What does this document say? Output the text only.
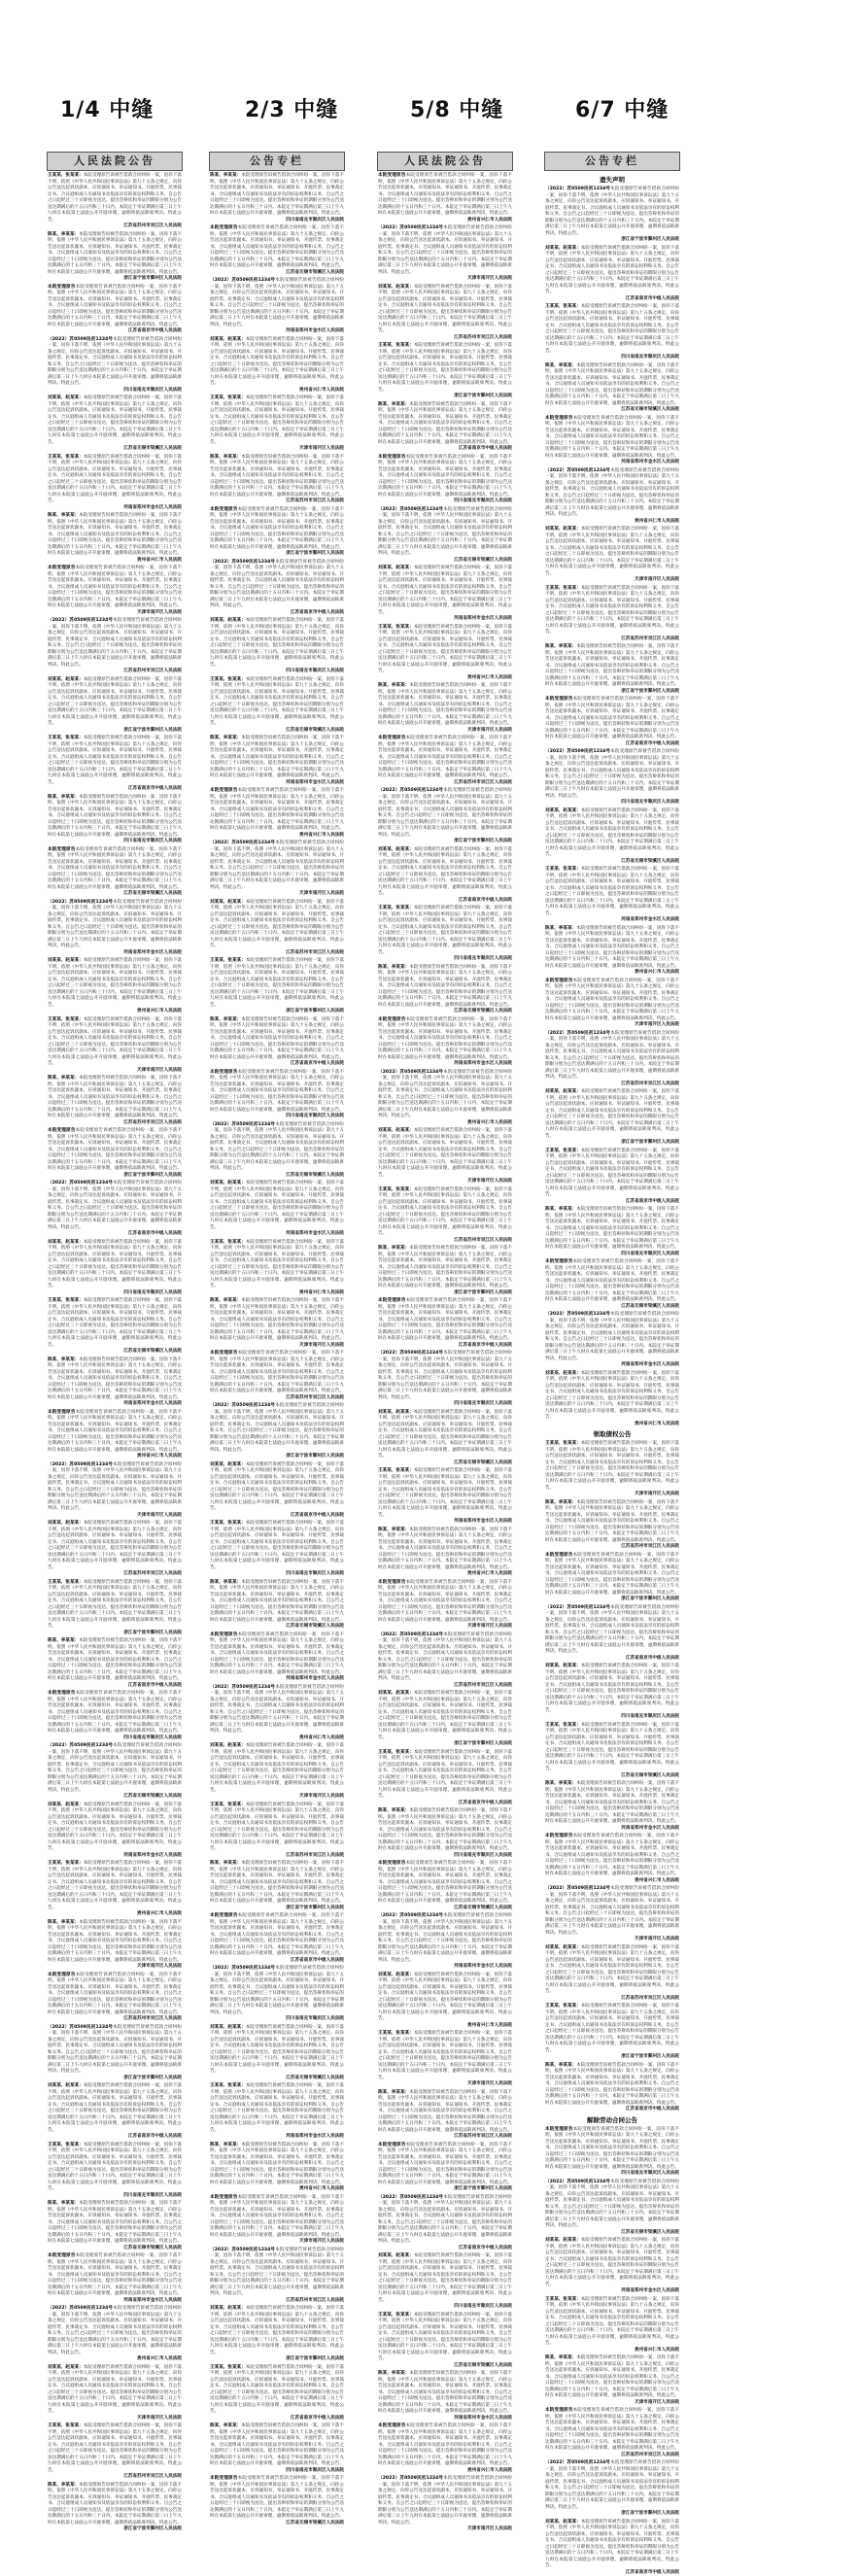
1/4 中缝	2/3 中缝	5/8 中缝	6/7 中缝
人民法院公告
王某某、张某某：本院受理原告诉被告借款合同纠纷一案，因你下落不明，依照《中华人民共和国民事诉讼法》第九十五条之规定，向你公告送达起诉状副本、应诉通知书、举证通知书、开庭传票、民事裁定书、合议庭组成人员通知书及依法享有的诉讼权利和义务。自公告之日起经过三十日即视为送达。提出答辩状和举证的期限分别为公告送达期满后的十五日内和三十日内。本院定于举证期满后第三日上午九时在本院第七法庭公开开庭审理，逾期将依法缺席判决。特此公告。
江苏省苏州市吴江区人民法院
陈某、李某某：本院受理原告诉被告借款合同纠纷一案，因你下落不明，依照《中华人民共和国民事诉讼法》第九十五条之规定，向你公告送达起诉状副本、应诉通知书、举证通知书、开庭传票、民事裁定书、合议庭组成人员通知书及依法享有的诉讼权利和义务。自公告之日起经过三十日即视为送达。提出答辩状和举证的期限分别为公告送达期满后的十五日内和三十日内。本院定于举证期满后第三日上午九时在本院第七法庭公开开庭审理，逾期将依法缺席判决。特此公告。
浙江省宁波市鄞州区人民法院
本院受理原告本院受理原告诉被告借款合同纠纷一案，因你下落不明，依照《中华人民共和国民事诉讼法》第九十五条之规定，向你公告送达起诉状副本、应诉通知书、举证通知书、开庭传票、民事裁定书、合议庭组成人员通知书及依法享有的诉讼权利和义务。自公告之日起经过三十日即视为送达。提出答辩状和举证的期限分别为公告送达期满后的十五日内和三十日内。本院定于举证期满后第三日上午九时在本院第七法庭公开开庭审理，逾期将依法缺席判决。特此公告。
江苏省南京市中级人民法院
（2022）苏0509民初1234号本院受理原告诉被告借款合同纠纷一案，因你下落不明，依照《中华人民共和国民事诉讼法》第九十五条之规定，向你公告送达起诉状副本、应诉通知书、举证通知书、开庭传票、民事裁定书、合议庭组成人员通知书及依法享有的诉讼权利和义务。自公告之日起经过三十日即视为送达。提出答辩状和举证的期限分别为公告送达期满后的十五日内和三十日内。本院定于举证期满后第三日上午九时在本院第七法庭公开开庭审理，逾期将依法缺席判决。特此公告。
四川省南充市顺庆区人民法院
刘某某、赵某某：本院受理原告诉被告借款合同纠纷一案，因你下落不明，依照《中华人民共和国民事诉讼法》第九十五条之规定，向你公告送达起诉状副本、应诉通知书、举证通知书、开庭传票、民事裁定书、合议庭组成人员通知书及依法享有的诉讼权利和义务。自公告之日起经过三十日即视为送达。提出答辩状和举证的期限分别为公告送达期满后的十五日内和三十日内。本院定于举证期满后第三日上午九时在本院第七法庭公开开庭审理，逾期将依法缺席判决。特此公告。
江苏省无锡市梁溪区人民法院
王某某、张某某：本院受理原告诉被告借款合同纠纷一案，因你下落不明，依照《中华人民共和国民事诉讼法》第九十五条之规定，向你公告送达起诉状副本、应诉通知书、举证通知书、开庭传票、民事裁定书、合议庭组成人员通知书及依法享有的诉讼权利和义务。自公告之日起经过三十日即视为送达。提出答辩状和举证的期限分别为公告送达期满后的十五日内和三十日内。本院定于举证期满后第三日上午九时在本院第七法庭公开开庭审理，逾期将依法缺席判决。特此公告。
河南省郑州市金水区人民法院
陈某、李某某：本院受理原告诉被告借款合同纠纷一案，因你下落不明，依照《中华人民共和国民事诉讼法》第九十五条之规定，向你公告送达起诉状副本、应诉通知书、举证通知书、开庭传票、民事裁定书、合议庭组成人员通知书及依法享有的诉讼权利和义务。自公告之日起经过三十日即视为送达。提出答辩状和举证的期限分别为公告送达期满后的十五日内和三十日内。本院定于举证期满后第三日上午九时在本院第七法庭公开开庭审理，逾期将依法缺席判决。特此公告。
贵州省兴仁市人民法院
本院受理原告本院受理原告诉被告借款合同纠纷一案，因你下落不明，依照《中华人民共和国民事诉讼法》第九十五条之规定，向你公告送达起诉状副本、应诉通知书、举证通知书、开庭传票、民事裁定书、合议庭组成人员通知书及依法享有的诉讼权利和义务。自公告之日起经过三十日即视为送达。提出答辩状和举证的期限分别为公告送达期满后的十五日内和三十日内。本院定于举证期满后第三日上午九时在本院第七法庭公开开庭审理，逾期将依法缺席判决。特此公告。
天津市南开区人民法院
（2022）苏0509民初1234号本院受理原告诉被告借款合同纠纷一案，因你下落不明，依照《中华人民共和国民事诉讼法》第九十五条之规定，向你公告送达起诉状副本、应诉通知书、举证通知书、开庭传票、民事裁定书、合议庭组成人员通知书及依法享有的诉讼权利和义务。自公告之日起经过三十日即视为送达。提出答辩状和举证的期限分别为公告送达期满后的十五日内和三十日内。本院定于举证期满后第三日上午九时在本院第七法庭公开开庭审理，逾期将依法缺席判决。特此公告。
江苏省苏州市吴江区人民法院
刘某某、赵某某：本院受理原告诉被告借款合同纠纷一案，因你下落不明，依照《中华人民共和国民事诉讼法》第九十五条之规定，向你公告送达起诉状副本、应诉通知书、举证通知书、开庭传票、民事裁定书、合议庭组成人员通知书及依法享有的诉讼权利和义务。自公告之日起经过三十日即视为送达。提出答辩状和举证的期限分别为公告送达期满后的十五日内和三十日内。本院定于举证期满后第三日上午九时在本院第七法庭公开开庭审理，逾期将依法缺席判决。特此公告。
浙江省宁波市鄞州区人民法院
王某某、张某某：本院受理原告诉被告借款合同纠纷一案，因你下落不明，依照《中华人民共和国民事诉讼法》第九十五条之规定，向你公告送达起诉状副本、应诉通知书、举证通知书、开庭传票、民事裁定书、合议庭组成人员通知书及依法享有的诉讼权利和义务。自公告之日起经过三十日即视为送达。提出答辩状和举证的期限分别为公告送达期满后的十五日内和三十日内。本院定于举证期满后第三日上午九时在本院第七法庭公开开庭审理，逾期将依法缺席判决。特此公告。
江苏省南京市中级人民法院
陈某、李某某：本院受理原告诉被告借款合同纠纷一案，因你下落不明，依照《中华人民共和国民事诉讼法》第九十五条之规定，向你公告送达起诉状副本、应诉通知书、举证通知书、开庭传票、民事裁定书、合议庭组成人员通知书及依法享有的诉讼权利和义务。自公告之日起经过三十日即视为送达。提出答辩状和举证的期限分别为公告送达期满后的十五日内和三十日内。本院定于举证期满后第三日上午九时在本院第七法庭公开开庭审理，逾期将依法缺席判决。特此公告。
四川省南充市顺庆区人民法院
本院受理原告本院受理原告诉被告借款合同纠纷一案，因你下落不明，依照《中华人民共和国民事诉讼法》第九十五条之规定，向你公告送达起诉状副本、应诉通知书、举证通知书、开庭传票、民事裁定书、合议庭组成人员通知书及依法享有的诉讼权利和义务。自公告之日起经过三十日即视为送达。提出答辩状和举证的期限分别为公告送达期满后的十五日内和三十日内。本院定于举证期满后第三日上午九时在本院第七法庭公开开庭审理，逾期将依法缺席判决。特此公告。
江苏省无锡市梁溪区人民法院
（2022）苏0509民初1234号本院受理原告诉被告借款合同纠纷一案，因你下落不明，依照《中华人民共和国民事诉讼法》第九十五条之规定，向你公告送达起诉状副本、应诉通知书、举证通知书、开庭传票、民事裁定书、合议庭组成人员通知书及依法享有的诉讼权利和义务。自公告之日起经过三十日即视为送达。提出答辩状和举证的期限分别为公告送达期满后的十五日内和三十日内。本院定于举证期满后第三日上午九时在本院第七法庭公开开庭审理，逾期将依法缺席判决。特此公告。
河南省郑州市金水区人民法院
刘某某、赵某某：本院受理原告诉被告借款合同纠纷一案，因你下落不明，依照《中华人民共和国民事诉讼法》第九十五条之规定，向你公告送达起诉状副本、应诉通知书、举证通知书、开庭传票、民事裁定书、合议庭组成人员通知书及依法享有的诉讼权利和义务。自公告之日起经过三十日即视为送达。提出答辩状和举证的期限分别为公告送达期满后的十五日内和三十日内。本院定于举证期满后第三日上午九时在本院第七法庭公开开庭审理，逾期将依法缺席判决。特此公告。
贵州省兴仁市人民法院
王某某、张某某：本院受理原告诉被告借款合同纠纷一案，因你下落不明，依照《中华人民共和国民事诉讼法》第九十五条之规定，向你公告送达起诉状副本、应诉通知书、举证通知书、开庭传票、民事裁定书、合议庭组成人员通知书及依法享有的诉讼权利和义务。自公告之日起经过三十日即视为送达。提出答辩状和举证的期限分别为公告送达期满后的十五日内和三十日内。本院定于举证期满后第三日上午九时在本院第七法庭公开开庭审理，逾期将依法缺席判决。特此公告。
天津市南开区人民法院
陈某、李某某：本院受理原告诉被告借款合同纠纷一案，因你下落不明，依照《中华人民共和国民事诉讼法》第九十五条之规定，向你公告送达起诉状副本、应诉通知书、举证通知书、开庭传票、民事裁定书、合议庭组成人员通知书及依法享有的诉讼权利和义务。自公告之日起经过三十日即视为送达。提出答辩状和举证的期限分别为公告送达期满后的十五日内和三十日内。本院定于举证期满后第三日上午九时在本院第七法庭公开开庭审理，逾期将依法缺席判决。特此公告。
江苏省苏州市吴江区人民法院
本院受理原告本院受理原告诉被告借款合同纠纷一案，因你下落不明，依照《中华人民共和国民事诉讼法》第九十五条之规定，向你公告送达起诉状副本、应诉通知书、举证通知书、开庭传票、民事裁定书、合议庭组成人员通知书及依法享有的诉讼权利和义务。自公告之日起经过三十日即视为送达。提出答辩状和举证的期限分别为公告送达期满后的十五日内和三十日内。本院定于举证期满后第三日上午九时在本院第七法庭公开开庭审理，逾期将依法缺席判决。特此公告。
浙江省宁波市鄞州区人民法院
（2022）苏0509民初1234号本院受理原告诉被告借款合同纠纷一案，因你下落不明，依照《中华人民共和国民事诉讼法》第九十五条之规定，向你公告送达起诉状副本、应诉通知书、举证通知书、开庭传票、民事裁定书、合议庭组成人员通知书及依法享有的诉讼权利和义务。自公告之日起经过三十日即视为送达。提出答辩状和举证的期限分别为公告送达期满后的十五日内和三十日内。本院定于举证期满后第三日上午九时在本院第七法庭公开开庭审理，逾期将依法缺席判决。特此公告。
江苏省南京市中级人民法院
刘某某、赵某某：本院受理原告诉被告借款合同纠纷一案，因你下落不明，依照《中华人民共和国民事诉讼法》第九十五条之规定，向你公告送达起诉状副本、应诉通知书、举证通知书、开庭传票、民事裁定书、合议庭组成人员通知书及依法享有的诉讼权利和义务。自公告之日起经过三十日即视为送达。提出答辩状和举证的期限分别为公告送达期满后的十五日内和三十日内。本院定于举证期满后第三日上午九时在本院第七法庭公开开庭审理，逾期将依法缺席判决。特此公告。
四川省南充市顺庆区人民法院
王某某、张某某：本院受理原告诉被告借款合同纠纷一案，因你下落不明，依照《中华人民共和国民事诉讼法》第九十五条之规定，向你公告送达起诉状副本、应诉通知书、举证通知书、开庭传票、民事裁定书、合议庭组成人员通知书及依法享有的诉讼权利和义务。自公告之日起经过三十日即视为送达。提出答辩状和举证的期限分别为公告送达期满后的十五日内和三十日内。本院定于举证期满后第三日上午九时在本院第七法庭公开开庭审理，逾期将依法缺席判决。特此公告。
江苏省无锡市梁溪区人民法院
陈某、李某某：本院受理原告诉被告借款合同纠纷一案，因你下落不明，依照《中华人民共和国民事诉讼法》第九十五条之规定，向你公告送达起诉状副本、应诉通知书、举证通知书、开庭传票、民事裁定书、合议庭组成人员通知书及依法享有的诉讼权利和义务。自公告之日起经过三十日即视为送达。提出答辩状和举证的期限分别为公告送达期满后的十五日内和三十日内。本院定于举证期满后第三日上午九时在本院第七法庭公开开庭审理，逾期将依法缺席判决。特此公告。
河南省郑州市金水区人民法院
本院受理原告本院受理原告诉被告借款合同纠纷一案，因你下落不明，依照《中华人民共和国民事诉讼法》第九十五条之规定，向你公告送达起诉状副本、应诉通知书、举证通知书、开庭传票、民事裁定书、合议庭组成人员通知书及依法享有的诉讼权利和义务。自公告之日起经过三十日即视为送达。提出答辩状和举证的期限分别为公告送达期满后的十五日内和三十日内。本院定于举证期满后第三日上午九时在本院第七法庭公开开庭审理，逾期将依法缺席判决。特此公告。
贵州省兴仁市人民法院
（2022）苏0509民初1234号本院受理原告诉被告借款合同纠纷一案，因你下落不明，依照《中华人民共和国民事诉讼法》第九十五条之规定，向你公告送达起诉状副本、应诉通知书、举证通知书、开庭传票、民事裁定书、合议庭组成人员通知书及依法享有的诉讼权利和义务。自公告之日起经过三十日即视为送达。提出答辩状和举证的期限分别为公告送达期满后的十五日内和三十日内。本院定于举证期满后第三日上午九时在本院第七法庭公开开庭审理，逾期将依法缺席判决。特此公告。
天津市南开区人民法院
刘某某、赵某某：本院受理原告诉被告借款合同纠纷一案，因你下落不明，依照《中华人民共和国民事诉讼法》第九十五条之规定，向你公告送达起诉状副本、应诉通知书、举证通知书、开庭传票、民事裁定书、合议庭组成人员通知书及依法享有的诉讼权利和义务。自公告之日起经过三十日即视为送达。提出答辩状和举证的期限分别为公告送达期满后的十五日内和三十日内。本院定于举证期满后第三日上午九时在本院第七法庭公开开庭审理，逾期将依法缺席判决。特此公告。
江苏省苏州市吴江区人民法院
王某某、张某某：本院受理原告诉被告借款合同纠纷一案，因你下落不明，依照《中华人民共和国民事诉讼法》第九十五条之规定，向你公告送达起诉状副本、应诉通知书、举证通知书、开庭传票、民事裁定书、合议庭组成人员通知书及依法享有的诉讼权利和义务。自公告之日起经过三十日即视为送达。提出答辩状和举证的期限分别为公告送达期满后的十五日内和三十日内。本院定于举证期满后第三日上午九时在本院第七法庭公开开庭审理，逾期将依法缺席判决。特此公告。
浙江省宁波市鄞州区人民法院
陈某、李某某：本院受理原告诉被告借款合同纠纷一案，因你下落不明，依照《中华人民共和国民事诉讼法》第九十五条之规定，向你公告送达起诉状副本、应诉通知书、举证通知书、开庭传票、民事裁定书、合议庭组成人员通知书及依法享有的诉讼权利和义务。自公告之日起经过三十日即视为送达。提出答辩状和举证的期限分别为公告送达期满后的十五日内和三十日内。本院定于举证期满后第三日上午九时在本院第七法庭公开开庭审理，逾期将依法缺席判决。特此公告。
江苏省南京市中级人民法院
本院受理原告本院受理原告诉被告借款合同纠纷一案，因你下落不明，依照《中华人民共和国民事诉讼法》第九十五条之规定，向你公告送达起诉状副本、应诉通知书、举证通知书、开庭传票、民事裁定书、合议庭组成人员通知书及依法享有的诉讼权利和义务。自公告之日起经过三十日即视为送达。提出答辩状和举证的期限分别为公告送达期满后的十五日内和三十日内。本院定于举证期满后第三日上午九时在本院第七法庭公开开庭审理，逾期将依法缺席判决。特此公告。
四川省南充市顺庆区人民法院
（2022）苏0509民初1234号本院受理原告诉被告借款合同纠纷一案，因你下落不明，依照《中华人民共和国民事诉讼法》第九十五条之规定，向你公告送达起诉状副本、应诉通知书、举证通知书、开庭传票、民事裁定书、合议庭组成人员通知书及依法享有的诉讼权利和义务。自公告之日起经过三十日即视为送达。提出答辩状和举证的期限分别为公告送达期满后的十五日内和三十日内。本院定于举证期满后第三日上午九时在本院第七法庭公开开庭审理，逾期将依法缺席判决。特此公告。
江苏省无锡市梁溪区人民法院
刘某某、赵某某：本院受理原告诉被告借款合同纠纷一案，因你下落不明，依照《中华人民共和国民事诉讼法》第九十五条之规定，向你公告送达起诉状副本、应诉通知书、举证通知书、开庭传票、民事裁定书、合议庭组成人员通知书及依法享有的诉讼权利和义务。自公告之日起经过三十日即视为送达。提出答辩状和举证的期限分别为公告送达期满后的十五日内和三十日内。本院定于举证期满后第三日上午九时在本院第七法庭公开开庭审理，逾期将依法缺席判决。特此公告。
河南省郑州市金水区人民法院
王某某、张某某：本院受理原告诉被告借款合同纠纷一案，因你下落不明，依照《中华人民共和国民事诉讼法》第九十五条之规定，向你公告送达起诉状副本、应诉通知书、举证通知书、开庭传票、民事裁定书、合议庭组成人员通知书及依法享有的诉讼权利和义务。自公告之日起经过三十日即视为送达。提出答辩状和举证的期限分别为公告送达期满后的十五日内和三十日内。本院定于举证期满后第三日上午九时在本院第七法庭公开开庭审理，逾期将依法缺席判决。特此公告。
贵州省兴仁市人民法院
陈某、李某某：本院受理原告诉被告借款合同纠纷一案，因你下落不明，依照《中华人民共和国民事诉讼法》第九十五条之规定，向你公告送达起诉状副本、应诉通知书、举证通知书、开庭传票、民事裁定书、合议庭组成人员通知书及依法享有的诉讼权利和义务。自公告之日起经过三十日即视为送达。提出答辩状和举证的期限分别为公告送达期满后的十五日内和三十日内。本院定于举证期满后第三日上午九时在本院第七法庭公开开庭审理，逾期将依法缺席判决。特此公告。
天津市南开区人民法院
本院受理原告本院受理原告诉被告借款合同纠纷一案，因你下落不明，依照《中华人民共和国民事诉讼法》第九十五条之规定，向你公告送达起诉状副本、应诉通知书、举证通知书、开庭传票、民事裁定书、合议庭组成人员通知书及依法享有的诉讼权利和义务。自公告之日起经过三十日即视为送达。提出答辩状和举证的期限分别为公告送达期满后的十五日内和三十日内。本院定于举证期满后第三日上午九时在本院第七法庭公开开庭审理，逾期将依法缺席判决。特此公告。
江苏省苏州市吴江区人民法院
（2022）苏0509民初1234号本院受理原告诉被告借款合同纠纷一案，因你下落不明，依照《中华人民共和国民事诉讼法》第九十五条之规定，向你公告送达起诉状副本、应诉通知书、举证通知书、开庭传票、民事裁定书、合议庭组成人员通知书及依法享有的诉讼权利和义务。自公告之日起经过三十日即视为送达。提出答辩状和举证的期限分别为公告送达期满后的十五日内和三十日内。本院定于举证期满后第三日上午九时在本院第七法庭公开开庭审理，逾期将依法缺席判决。特此公告。
浙江省宁波市鄞州区人民法院
刘某某、赵某某：本院受理原告诉被告借款合同纠纷一案，因你下落不明，依照《中华人民共和国民事诉讼法》第九十五条之规定，向你公告送达起诉状副本、应诉通知书、举证通知书、开庭传票、民事裁定书、合议庭组成人员通知书及依法享有的诉讼权利和义务。自公告之日起经过三十日即视为送达。提出答辩状和举证的期限分别为公告送达期满后的十五日内和三十日内。本院定于举证期满后第三日上午九时在本院第七法庭公开开庭审理，逾期将依法缺席判决。特此公告。
江苏省南京市中级人民法院
王某某、张某某：本院受理原告诉被告借款合同纠纷一案，因你下落不明，依照《中华人民共和国民事诉讼法》第九十五条之规定，向你公告送达起诉状副本、应诉通知书、举证通知书、开庭传票、民事裁定书、合议庭组成人员通知书及依法享有的诉讼权利和义务。自公告之日起经过三十日即视为送达。提出答辩状和举证的期限分别为公告送达期满后的十五日内和三十日内。本院定于举证期满后第三日上午九时在本院第七法庭公开开庭审理，逾期将依法缺席判决。特此公告。
四川省南充市顺庆区人民法院
陈某、李某某：本院受理原告诉被告借款合同纠纷一案，因你下落不明，依照《中华人民共和国民事诉讼法》第九十五条之规定，向你公告送达起诉状副本、应诉通知书、举证通知书、开庭传票、民事裁定书、合议庭组成人员通知书及依法享有的诉讼权利和义务。自公告之日起经过三十日即视为送达。提出答辩状和举证的期限分别为公告送达期满后的十五日内和三十日内。本院定于举证期满后第三日上午九时在本院第七法庭公开开庭审理，逾期将依法缺席判决。特此公告。
江苏省无锡市梁溪区人民法院
本院受理原告本院受理原告诉被告借款合同纠纷一案，因你下落不明，依照《中华人民共和国民事诉讼法》第九十五条之规定，向你公告送达起诉状副本、应诉通知书、举证通知书、开庭传票、民事裁定书、合议庭组成人员通知书及依法享有的诉讼权利和义务。自公告之日起经过三十日即视为送达。提出答辩状和举证的期限分别为公告送达期满后的十五日内和三十日内。本院定于举证期满后第三日上午九时在本院第七法庭公开开庭审理，逾期将依法缺席判决。特此公告。
河南省郑州市金水区人民法院
（2022）苏0509民初1234号本院受理原告诉被告借款合同纠纷一案，因你下落不明，依照《中华人民共和国民事诉讼法》第九十五条之规定，向你公告送达起诉状副本、应诉通知书、举证通知书、开庭传票、民事裁定书、合议庭组成人员通知书及依法享有的诉讼权利和义务。自公告之日起经过三十日即视为送达。提出答辩状和举证的期限分别为公告送达期满后的十五日内和三十日内。本院定于举证期满后第三日上午九时在本院第七法庭公开开庭审理，逾期将依法缺席判决。特此公告。
贵州省兴仁市人民法院
刘某某、赵某某：本院受理原告诉被告借款合同纠纷一案，因你下落不明，依照《中华人民共和国民事诉讼法》第九十五条之规定，向你公告送达起诉状副本、应诉通知书、举证通知书、开庭传票、民事裁定书、合议庭组成人员通知书及依法享有的诉讼权利和义务。自公告之日起经过三十日即视为送达。提出答辩状和举证的期限分别为公告送达期满后的十五日内和三十日内。本院定于举证期满后第三日上午九时在本院第七法庭公开开庭审理，逾期将依法缺席判决。特此公告。
天津市南开区人民法院
王某某、张某某：本院受理原告诉被告借款合同纠纷一案，因你下落不明，依照《中华人民共和国民事诉讼法》第九十五条之规定，向你公告送达起诉状副本、应诉通知书、举证通知书、开庭传票、民事裁定书、合议庭组成人员通知书及依法享有的诉讼权利和义务。自公告之日起经过三十日即视为送达。提出答辩状和举证的期限分别为公告送达期满后的十五日内和三十日内。本院定于举证期满后第三日上午九时在本院第七法庭公开开庭审理，逾期将依法缺席判决。特此公告。
江苏省苏州市吴江区人民法院
陈某、李某某：本院受理原告诉被告借款合同纠纷一案，因你下落不明，依照《中华人民共和国民事诉讼法》第九十五条之规定，向你公告送达起诉状副本、应诉通知书、举证通知书、开庭传票、民事裁定书、合议庭组成人员通知书及依法享有的诉讼权利和义务。自公告之日起经过三十日即视为送达。提出答辩状和举证的期限分别为公告送达期满后的十五日内和三十日内。本院定于举证期满后第三日上午九时在本院第七法庭公开开庭审理，逾期将依法缺席判决。特此公告。
浙江省宁波市鄞州区人民法院
公告专栏
陈某、李某某：本院受理原告诉被告借款合同纠纷一案，因你下落不明，依照《中华人民共和国民事诉讼法》第九十五条之规定，向你公告送达起诉状副本、应诉通知书、举证通知书、开庭传票、民事裁定书、合议庭组成人员通知书及依法享有的诉讼权利和义务。自公告之日起经过三十日即视为送达。提出答辩状和举证的期限分别为公告送达期满后的十五日内和三十日内。本院定于举证期满后第三日上午九时在本院第七法庭公开开庭审理，逾期将依法缺席判决。特此公告。
四川省南充市顺庆区人民法院
本院受理原告本院受理原告诉被告借款合同纠纷一案，因你下落不明，依照《中华人民共和国民事诉讼法》第九十五条之规定，向你公告送达起诉状副本、应诉通知书、举证通知书、开庭传票、民事裁定书、合议庭组成人员通知书及依法享有的诉讼权利和义务。自公告之日起经过三十日即视为送达。提出答辩状和举证的期限分别为公告送达期满后的十五日内和三十日内。本院定于举证期满后第三日上午九时在本院第七法庭公开开庭审理，逾期将依法缺席判决。特此公告。
江苏省无锡市梁溪区人民法院
（2022）苏0509民初1234号本院受理原告诉被告借款合同纠纷一案，因你下落不明，依照《中华人民共和国民事诉讼法》第九十五条之规定，向你公告送达起诉状副本、应诉通知书、举证通知书、开庭传票、民事裁定书、合议庭组成人员通知书及依法享有的诉讼权利和义务。自公告之日起经过三十日即视为送达。提出答辩状和举证的期限分别为公告送达期满后的十五日内和三十日内。本院定于举证期满后第三日上午九时在本院第七法庭公开开庭审理，逾期将依法缺席判决。特此公告。
河南省郑州市金水区人民法院
刘某某、赵某某：本院受理原告诉被告借款合同纠纷一案，因你下落不明，依照《中华人民共和国民事诉讼法》第九十五条之规定，向你公告送达起诉状副本、应诉通知书、举证通知书、开庭传票、民事裁定书、合议庭组成人员通知书及依法享有的诉讼权利和义务。自公告之日起经过三十日即视为送达。提出答辩状和举证的期限分别为公告送达期满后的十五日内和三十日内。本院定于举证期满后第三日上午九时在本院第七法庭公开开庭审理，逾期将依法缺席判决。特此公告。
贵州省兴仁市人民法院
王某某、张某某：本院受理原告诉被告借款合同纠纷一案，因你下落不明，依照《中华人民共和国民事诉讼法》第九十五条之规定，向你公告送达起诉状副本、应诉通知书、举证通知书、开庭传票、民事裁定书、合议庭组成人员通知书及依法享有的诉讼权利和义务。自公告之日起经过三十日即视为送达。提出答辩状和举证的期限分别为公告送达期满后的十五日内和三十日内。本院定于举证期满后第三日上午九时在本院第七法庭公开开庭审理，逾期将依法缺席判决。特此公告。
天津市南开区人民法院
陈某、李某某：本院受理原告诉被告借款合同纠纷一案，因你下落不明，依照《中华人民共和国民事诉讼法》第九十五条之规定，向你公告送达起诉状副本、应诉通知书、举证通知书、开庭传票、民事裁定书、合议庭组成人员通知书及依法享有的诉讼权利和义务。自公告之日起经过三十日即视为送达。提出答辩状和举证的期限分别为公告送达期满后的十五日内和三十日内。本院定于举证期满后第三日上午九时在本院第七法庭公开开庭审理，逾期将依法缺席判决。特此公告。
江苏省苏州市吴江区人民法院
本院受理原告本院受理原告诉被告借款合同纠纷一案，因你下落不明，依照《中华人民共和国民事诉讼法》第九十五条之规定，向你公告送达起诉状副本、应诉通知书、举证通知书、开庭传票、民事裁定书、合议庭组成人员通知书及依法享有的诉讼权利和义务。自公告之日起经过三十日即视为送达。提出答辩状和举证的期限分别为公告送达期满后的十五日内和三十日内。本院定于举证期满后第三日上午九时在本院第七法庭公开开庭审理，逾期将依法缺席判决。特此公告。
浙江省宁波市鄞州区人民法院
（2022）苏0509民初1234号本院受理原告诉被告借款合同纠纷一案，因你下落不明，依照《中华人民共和国民事诉讼法》第九十五条之规定，向你公告送达起诉状副本、应诉通知书、举证通知书、开庭传票、民事裁定书、合议庭组成人员通知书及依法享有的诉讼权利和义务。自公告之日起经过三十日即视为送达。提出答辩状和举证的期限分别为公告送达期满后的十五日内和三十日内。本院定于举证期满后第三日上午九时在本院第七法庭公开开庭审理，逾期将依法缺席判决。特此公告。
江苏省南京市中级人民法院
刘某某、赵某某：本院受理原告诉被告借款合同纠纷一案，因你下落不明，依照《中华人民共和国民事诉讼法》第九十五条之规定，向你公告送达起诉状副本、应诉通知书、举证通知书、开庭传票、民事裁定书、合议庭组成人员通知书及依法享有的诉讼权利和义务。自公告之日起经过三十日即视为送达。提出答辩状和举证的期限分别为公告送达期满后的十五日内和三十日内。本院定于举证期满后第三日上午九时在本院第七法庭公开开庭审理，逾期将依法缺席判决。特此公告。
四川省南充市顺庆区人民法院
王某某、张某某：本院受理原告诉被告借款合同纠纷一案，因你下落不明，依照《中华人民共和国民事诉讼法》第九十五条之规定，向你公告送达起诉状副本、应诉通知书、举证通知书、开庭传票、民事裁定书、合议庭组成人员通知书及依法享有的诉讼权利和义务。自公告之日起经过三十日即视为送达。提出答辩状和举证的期限分别为公告送达期满后的十五日内和三十日内。本院定于举证期满后第三日上午九时在本院第七法庭公开开庭审理，逾期将依法缺席判决。特此公告。
江苏省无锡市梁溪区人民法院
陈某、李某某：本院受理原告诉被告借款合同纠纷一案，因你下落不明，依照《中华人民共和国民事诉讼法》第九十五条之规定，向你公告送达起诉状副本、应诉通知书、举证通知书、开庭传票、民事裁定书、合议庭组成人员通知书及依法享有的诉讼权利和义务。自公告之日起经过三十日即视为送达。提出答辩状和举证的期限分别为公告送达期满后的十五日内和三十日内。本院定于举证期满后第三日上午九时在本院第七法庭公开开庭审理，逾期将依法缺席判决。特此公告。
河南省郑州市金水区人民法院
本院受理原告本院受理原告诉被告借款合同纠纷一案，因你下落不明，依照《中华人民共和国民事诉讼法》第九十五条之规定，向你公告送达起诉状副本、应诉通知书、举证通知书、开庭传票、民事裁定书、合议庭组成人员通知书及依法享有的诉讼权利和义务。自公告之日起经过三十日即视为送达。提出答辩状和举证的期限分别为公告送达期满后的十五日内和三十日内。本院定于举证期满后第三日上午九时在本院第七法庭公开开庭审理，逾期将依法缺席判决。特此公告。
贵州省兴仁市人民法院
（2022）苏0509民初1234号本院受理原告诉被告借款合同纠纷一案，因你下落不明，依照《中华人民共和国民事诉讼法》第九十五条之规定，向你公告送达起诉状副本、应诉通知书、举证通知书、开庭传票、民事裁定书、合议庭组成人员通知书及依法享有的诉讼权利和义务。自公告之日起经过三十日即视为送达。提出答辩状和举证的期限分别为公告送达期满后的十五日内和三十日内。本院定于举证期满后第三日上午九时在本院第七法庭公开开庭审理，逾期将依法缺席判决。特此公告。
天津市南开区人民法院
刘某某、赵某某：本院受理原告诉被告借款合同纠纷一案，因你下落不明，依照《中华人民共和国民事诉讼法》第九十五条之规定，向你公告送达起诉状副本、应诉通知书、举证通知书、开庭传票、民事裁定书、合议庭组成人员通知书及依法享有的诉讼权利和义务。自公告之日起经过三十日即视为送达。提出答辩状和举证的期限分别为公告送达期满后的十五日内和三十日内。本院定于举证期满后第三日上午九时在本院第七法庭公开开庭审理，逾期将依法缺席判决。特此公告。
江苏省苏州市吴江区人民法院
王某某、张某某：本院受理原告诉被告借款合同纠纷一案，因你下落不明，依照《中华人民共和国民事诉讼法》第九十五条之规定，向你公告送达起诉状副本、应诉通知书、举证通知书、开庭传票、民事裁定书、合议庭组成人员通知书及依法享有的诉讼权利和义务。自公告之日起经过三十日即视为送达。提出答辩状和举证的期限分别为公告送达期满后的十五日内和三十日内。本院定于举证期满后第三日上午九时在本院第七法庭公开开庭审理，逾期将依法缺席判决。特此公告。
浙江省宁波市鄞州区人民法院
陈某、李某某：本院受理原告诉被告借款合同纠纷一案，因你下落不明，依照《中华人民共和国民事诉讼法》第九十五条之规定，向你公告送达起诉状副本、应诉通知书、举证通知书、开庭传票、民事裁定书、合议庭组成人员通知书及依法享有的诉讼权利和义务。自公告之日起经过三十日即视为送达。提出答辩状和举证的期限分别为公告送达期满后的十五日内和三十日内。本院定于举证期满后第三日上午九时在本院第七法庭公开开庭审理，逾期将依法缺席判决。特此公告。
江苏省南京市中级人民法院
本院受理原告本院受理原告诉被告借款合同纠纷一案，因你下落不明，依照《中华人民共和国民事诉讼法》第九十五条之规定，向你公告送达起诉状副本、应诉通知书、举证通知书、开庭传票、民事裁定书、合议庭组成人员通知书及依法享有的诉讼权利和义务。自公告之日起经过三十日即视为送达。提出答辩状和举证的期限分别为公告送达期满后的十五日内和三十日内。本院定于举证期满后第三日上午九时在本院第七法庭公开开庭审理，逾期将依法缺席判决。特此公告。
四川省南充市顺庆区人民法院
（2022）苏0509民初1234号本院受理原告诉被告借款合同纠纷一案，因你下落不明，依照《中华人民共和国民事诉讼法》第九十五条之规定，向你公告送达起诉状副本、应诉通知书、举证通知书、开庭传票、民事裁定书、合议庭组成人员通知书及依法享有的诉讼权利和义务。自公告之日起经过三十日即视为送达。提出答辩状和举证的期限分别为公告送达期满后的十五日内和三十日内。本院定于举证期满后第三日上午九时在本院第七法庭公开开庭审理，逾期将依法缺席判决。特此公告。
江苏省无锡市梁溪区人民法院
刘某某、赵某某：本院受理原告诉被告借款合同纠纷一案，因你下落不明，依照《中华人民共和国民事诉讼法》第九十五条之规定，向你公告送达起诉状副本、应诉通知书、举证通知书、开庭传票、民事裁定书、合议庭组成人员通知书及依法享有的诉讼权利和义务。自公告之日起经过三十日即视为送达。提出答辩状和举证的期限分别为公告送达期满后的十五日内和三十日内。本院定于举证期满后第三日上午九时在本院第七法庭公开开庭审理，逾期将依法缺席判决。特此公告。
河南省郑州市金水区人民法院
王某某、张某某：本院受理原告诉被告借款合同纠纷一案，因你下落不明，依照《中华人民共和国民事诉讼法》第九十五条之规定，向你公告送达起诉状副本、应诉通知书、举证通知书、开庭传票、民事裁定书、合议庭组成人员通知书及依法享有的诉讼权利和义务。自公告之日起经过三十日即视为送达。提出答辩状和举证的期限分别为公告送达期满后的十五日内和三十日内。本院定于举证期满后第三日上午九时在本院第七法庭公开开庭审理，逾期将依法缺席判决。特此公告。
贵州省兴仁市人民法院
陈某、李某某：本院受理原告诉被告借款合同纠纷一案，因你下落不明，依照《中华人民共和国民事诉讼法》第九十五条之规定，向你公告送达起诉状副本、应诉通知书、举证通知书、开庭传票、民事裁定书、合议庭组成人员通知书及依法享有的诉讼权利和义务。自公告之日起经过三十日即视为送达。提出答辩状和举证的期限分别为公告送达期满后的十五日内和三十日内。本院定于举证期满后第三日上午九时在本院第七法庭公开开庭审理，逾期将依法缺席判决。特此公告。
天津市南开区人民法院
本院受理原告本院受理原告诉被告借款合同纠纷一案，因你下落不明，依照《中华人民共和国民事诉讼法》第九十五条之规定，向你公告送达起诉状副本、应诉通知书、举证通知书、开庭传票、民事裁定书、合议庭组成人员通知书及依法享有的诉讼权利和义务。自公告之日起经过三十日即视为送达。提出答辩状和举证的期限分别为公告送达期满后的十五日内和三十日内。本院定于举证期满后第三日上午九时在本院第七法庭公开开庭审理，逾期将依法缺席判决。特此公告。
江苏省苏州市吴江区人民法院
（2022）苏0509民初1234号本院受理原告诉被告借款合同纠纷一案，因你下落不明，依照《中华人民共和国民事诉讼法》第九十五条之规定，向你公告送达起诉状副本、应诉通知书、举证通知书、开庭传票、民事裁定书、合议庭组成人员通知书及依法享有的诉讼权利和义务。自公告之日起经过三十日即视为送达。提出答辩状和举证的期限分别为公告送达期满后的十五日内和三十日内。本院定于举证期满后第三日上午九时在本院第七法庭公开开庭审理，逾期将依法缺席判决。特此公告。
浙江省宁波市鄞州区人民法院
刘某某、赵某某：本院受理原告诉被告借款合同纠纷一案，因你下落不明，依照《中华人民共和国民事诉讼法》第九十五条之规定，向你公告送达起诉状副本、应诉通知书、举证通知书、开庭传票、民事裁定书、合议庭组成人员通知书及依法享有的诉讼权利和义务。自公告之日起经过三十日即视为送达。提出答辩状和举证的期限分别为公告送达期满后的十五日内和三十日内。本院定于举证期满后第三日上午九时在本院第七法庭公开开庭审理，逾期将依法缺席判决。特此公告。
江苏省南京市中级人民法院
王某某、张某某：本院受理原告诉被告借款合同纠纷一案，因你下落不明，依照《中华人民共和国民事诉讼法》第九十五条之规定，向你公告送达起诉状副本、应诉通知书、举证通知书、开庭传票、民事裁定书、合议庭组成人员通知书及依法享有的诉讼权利和义务。自公告之日起经过三十日即视为送达。提出答辩状和举证的期限分别为公告送达期满后的十五日内和三十日内。本院定于举证期满后第三日上午九时在本院第七法庭公开开庭审理，逾期将依法缺席判决。特此公告。
四川省南充市顺庆区人民法院
陈某、李某某：本院受理原告诉被告借款合同纠纷一案，因你下落不明，依照《中华人民共和国民事诉讼法》第九十五条之规定，向你公告送达起诉状副本、应诉通知书、举证通知书、开庭传票、民事裁定书、合议庭组成人员通知书及依法享有的诉讼权利和义务。自公告之日起经过三十日即视为送达。提出答辩状和举证的期限分别为公告送达期满后的十五日内和三十日内。本院定于举证期满后第三日上午九时在本院第七法庭公开开庭审理，逾期将依法缺席判决。特此公告。
江苏省无锡市梁溪区人民法院
本院受理原告本院受理原告诉被告借款合同纠纷一案，因你下落不明，依照《中华人民共和国民事诉讼法》第九十五条之规定，向你公告送达起诉状副本、应诉通知书、举证通知书、开庭传票、民事裁定书、合议庭组成人员通知书及依法享有的诉讼权利和义务。自公告之日起经过三十日即视为送达。提出答辩状和举证的期限分别为公告送达期满后的十五日内和三十日内。本院定于举证期满后第三日上午九时在本院第七法庭公开开庭审理，逾期将依法缺席判决。特此公告。
河南省郑州市金水区人民法院
（2022）苏0509民初1234号本院受理原告诉被告借款合同纠纷一案，因你下落不明，依照《中华人民共和国民事诉讼法》第九十五条之规定，向你公告送达起诉状副本、应诉通知书、举证通知书、开庭传票、民事裁定书、合议庭组成人员通知书及依法享有的诉讼权利和义务。自公告之日起经过三十日即视为送达。提出答辩状和举证的期限分别为公告送达期满后的十五日内和三十日内。本院定于举证期满后第三日上午九时在本院第七法庭公开开庭审理，逾期将依法缺席判决。特此公告。
贵州省兴仁市人民法院
刘某某、赵某某：本院受理原告诉被告借款合同纠纷一案，因你下落不明，依照《中华人民共和国民事诉讼法》第九十五条之规定，向你公告送达起诉状副本、应诉通知书、举证通知书、开庭传票、民事裁定书、合议庭组成人员通知书及依法享有的诉讼权利和义务。自公告之日起经过三十日即视为送达。提出答辩状和举证的期限分别为公告送达期满后的十五日内和三十日内。本院定于举证期满后第三日上午九时在本院第七法庭公开开庭审理，逾期将依法缺席判决。特此公告。
天津市南开区人民法院
王某某、张某某：本院受理原告诉被告借款合同纠纷一案，因你下落不明，依照《中华人民共和国民事诉讼法》第九十五条之规定，向你公告送达起诉状副本、应诉通知书、举证通知书、开庭传票、民事裁定书、合议庭组成人员通知书及依法享有的诉讼权利和义务。自公告之日起经过三十日即视为送达。提出答辩状和举证的期限分别为公告送达期满后的十五日内和三十日内。本院定于举证期满后第三日上午九时在本院第七法庭公开开庭审理，逾期将依法缺席判决。特此公告。
江苏省苏州市吴江区人民法院
陈某、李某某：本院受理原告诉被告借款合同纠纷一案，因你下落不明，依照《中华人民共和国民事诉讼法》第九十五条之规定，向你公告送达起诉状副本、应诉通知书、举证通知书、开庭传票、民事裁定书、合议庭组成人员通知书及依法享有的诉讼权利和义务。自公告之日起经过三十日即视为送达。提出答辩状和举证的期限分别为公告送达期满后的十五日内和三十日内。本院定于举证期满后第三日上午九时在本院第七法庭公开开庭审理，逾期将依法缺席判决。特此公告。
浙江省宁波市鄞州区人民法院
本院受理原告本院受理原告诉被告借款合同纠纷一案，因你下落不明，依照《中华人民共和国民事诉讼法》第九十五条之规定，向你公告送达起诉状副本、应诉通知书、举证通知书、开庭传票、民事裁定书、合议庭组成人员通知书及依法享有的诉讼权利和义务。自公告之日起经过三十日即视为送达。提出答辩状和举证的期限分别为公告送达期满后的十五日内和三十日内。本院定于举证期满后第三日上午九时在本院第七法庭公开开庭审理，逾期将依法缺席判决。特此公告。
江苏省南京市中级人民法院
（2022）苏0509民初1234号本院受理原告诉被告借款合同纠纷一案，因你下落不明，依照《中华人民共和国民事诉讼法》第九十五条之规定，向你公告送达起诉状副本、应诉通知书、举证通知书、开庭传票、民事裁定书、合议庭组成人员通知书及依法享有的诉讼权利和义务。自公告之日起经过三十日即视为送达。提出答辩状和举证的期限分别为公告送达期满后的十五日内和三十日内。本院定于举证期满后第三日上午九时在本院第七法庭公开开庭审理，逾期将依法缺席判决。特此公告。
四川省南充市顺庆区人民法院
刘某某、赵某某：本院受理原告诉被告借款合同纠纷一案，因你下落不明，依照《中华人民共和国民事诉讼法》第九十五条之规定，向你公告送达起诉状副本、应诉通知书、举证通知书、开庭传票、民事裁定书、合议庭组成人员通知书及依法享有的诉讼权利和义务。自公告之日起经过三十日即视为送达。提出答辩状和举证的期限分别为公告送达期满后的十五日内和三十日内。本院定于举证期满后第三日上午九时在本院第七法庭公开开庭审理，逾期将依法缺席判决。特此公告。
江苏省无锡市梁溪区人民法院
王某某、张某某：本院受理原告诉被告借款合同纠纷一案，因你下落不明，依照《中华人民共和国民事诉讼法》第九十五条之规定，向你公告送达起诉状副本、应诉通知书、举证通知书、开庭传票、民事裁定书、合议庭组成人员通知书及依法享有的诉讼权利和义务。自公告之日起经过三十日即视为送达。提出答辩状和举证的期限分别为公告送达期满后的十五日内和三十日内。本院定于举证期满后第三日上午九时在本院第七法庭公开开庭审理，逾期将依法缺席判决。特此公告。
河南省郑州市金水区人民法院
陈某、李某某：本院受理原告诉被告借款合同纠纷一案，因你下落不明，依照《中华人民共和国民事诉讼法》第九十五条之规定，向你公告送达起诉状副本、应诉通知书、举证通知书、开庭传票、民事裁定书、合议庭组成人员通知书及依法享有的诉讼权利和义务。自公告之日起经过三十日即视为送达。提出答辩状和举证的期限分别为公告送达期满后的十五日内和三十日内。本院定于举证期满后第三日上午九时在本院第七法庭公开开庭审理，逾期将依法缺席判决。特此公告。
贵州省兴仁市人民法院
本院受理原告本院受理原告诉被告借款合同纠纷一案，因你下落不明，依照《中华人民共和国民事诉讼法》第九十五条之规定，向你公告送达起诉状副本、应诉通知书、举证通知书、开庭传票、民事裁定书、合议庭组成人员通知书及依法享有的诉讼权利和义务。自公告之日起经过三十日即视为送达。提出答辩状和举证的期限分别为公告送达期满后的十五日内和三十日内。本院定于举证期满后第三日上午九时在本院第七法庭公开开庭审理，逾期将依法缺席判决。特此公告。
天津市南开区人民法院
（2022）苏0509民初1234号本院受理原告诉被告借款合同纠纷一案，因你下落不明，依照《中华人民共和国民事诉讼法》第九十五条之规定，向你公告送达起诉状副本、应诉通知书、举证通知书、开庭传票、民事裁定书、合议庭组成人员通知书及依法享有的诉讼权利和义务。自公告之日起经过三十日即视为送达。提出答辩状和举证的期限分别为公告送达期满后的十五日内和三十日内。本院定于举证期满后第三日上午九时在本院第七法庭公开开庭审理，逾期将依法缺席判决。特此公告。
江苏省苏州市吴江区人民法院
刘某某、赵某某：本院受理原告诉被告借款合同纠纷一案，因你下落不明，依照《中华人民共和国民事诉讼法》第九十五条之规定，向你公告送达起诉状副本、应诉通知书、举证通知书、开庭传票、民事裁定书、合议庭组成人员通知书及依法享有的诉讼权利和义务。自公告之日起经过三十日即视为送达。提出答辩状和举证的期限分别为公告送达期满后的十五日内和三十日内。本院定于举证期满后第三日上午九时在本院第七法庭公开开庭审理，逾期将依法缺席判决。特此公告。
浙江省宁波市鄞州区人民法院
王某某、张某某：本院受理原告诉被告借款合同纠纷一案，因你下落不明，依照《中华人民共和国民事诉讼法》第九十五条之规定，向你公告送达起诉状副本、应诉通知书、举证通知书、开庭传票、民事裁定书、合议庭组成人员通知书及依法享有的诉讼权利和义务。自公告之日起经过三十日即视为送达。提出答辩状和举证的期限分别为公告送达期满后的十五日内和三十日内。本院定于举证期满后第三日上午九时在本院第七法庭公开开庭审理，逾期将依法缺席判决。特此公告。
江苏省南京市中级人民法院
陈某、李某某：本院受理原告诉被告借款合同纠纷一案，因你下落不明，依照《中华人民共和国民事诉讼法》第九十五条之规定，向你公告送达起诉状副本、应诉通知书、举证通知书、开庭传票、民事裁定书、合议庭组成人员通知书及依法享有的诉讼权利和义务。自公告之日起经过三十日即视为送达。提出答辩状和举证的期限分别为公告送达期满后的十五日内和三十日内。本院定于举证期满后第三日上午九时在本院第七法庭公开开庭审理，逾期将依法缺席判决。特此公告。
四川省南充市顺庆区人民法院
本院受理原告本院受理原告诉被告借款合同纠纷一案，因你下落不明，依照《中华人民共和国民事诉讼法》第九十五条之规定，向你公告送达起诉状副本、应诉通知书、举证通知书、开庭传票、民事裁定书、合议庭组成人员通知书及依法享有的诉讼权利和义务。自公告之日起经过三十日即视为送达。提出答辩状和举证的期限分别为公告送达期满后的十五日内和三十日内。本院定于举证期满后第三日上午九时在本院第七法庭公开开庭审理，逾期将依法缺席判决。特此公告。
江苏省无锡市梁溪区人民法院
人民法院公告
本院受理原告本院受理原告诉被告借款合同纠纷一案，因你下落不明，依照《中华人民共和国民事诉讼法》第九十五条之规定，向你公告送达起诉状副本、应诉通知书、举证通知书、开庭传票、民事裁定书、合议庭组成人员通知书及依法享有的诉讼权利和义务。自公告之日起经过三十日即视为送达。提出答辩状和举证的期限分别为公告送达期满后的十五日内和三十日内。本院定于举证期满后第三日上午九时在本院第七法庭公开开庭审理，逾期将依法缺席判决。特此公告。
贵州省兴仁市人民法院
（2022）苏0509民初1234号本院受理原告诉被告借款合同纠纷一案，因你下落不明，依照《中华人民共和国民事诉讼法》第九十五条之规定，向你公告送达起诉状副本、应诉通知书、举证通知书、开庭传票、民事裁定书、合议庭组成人员通知书及依法享有的诉讼权利和义务。自公告之日起经过三十日即视为送达。提出答辩状和举证的期限分别为公告送达期满后的十五日内和三十日内。本院定于举证期满后第三日上午九时在本院第七法庭公开开庭审理，逾期将依法缺席判决。特此公告。
天津市南开区人民法院
刘某某、赵某某：本院受理原告诉被告借款合同纠纷一案，因你下落不明，依照《中华人民共和国民事诉讼法》第九十五条之规定，向你公告送达起诉状副本、应诉通知书、举证通知书、开庭传票、民事裁定书、合议庭组成人员通知书及依法享有的诉讼权利和义务。自公告之日起经过三十日即视为送达。提出答辩状和举证的期限分别为公告送达期满后的十五日内和三十日内。本院定于举证期满后第三日上午九时在本院第七法庭公开开庭审理，逾期将依法缺席判决。特此公告。
江苏省苏州市吴江区人民法院
王某某、张某某：本院受理原告诉被告借款合同纠纷一案，因你下落不明，依照《中华人民共和国民事诉讼法》第九十五条之规定，向你公告送达起诉状副本、应诉通知书、举证通知书、开庭传票、民事裁定书、合议庭组成人员通知书及依法享有的诉讼权利和义务。自公告之日起经过三十日即视为送达。提出答辩状和举证的期限分别为公告送达期满后的十五日内和三十日内。本院定于举证期满后第三日上午九时在本院第七法庭公开开庭审理，逾期将依法缺席判决。特此公告。
浙江省宁波市鄞州区人民法院
陈某、李某某：本院受理原告诉被告借款合同纠纷一案，因你下落不明，依照《中华人民共和国民事诉讼法》第九十五条之规定，向你公告送达起诉状副本、应诉通知书、举证通知书、开庭传票、民事裁定书、合议庭组成人员通知书及依法享有的诉讼权利和义务。自公告之日起经过三十日即视为送达。提出答辩状和举证的期限分别为公告送达期满后的十五日内和三十日内。本院定于举证期满后第三日上午九时在本院第七法庭公开开庭审理，逾期将依法缺席判决。特此公告。
江苏省南京市中级人民法院
本院受理原告本院受理原告诉被告借款合同纠纷一案，因你下落不明，依照《中华人民共和国民事诉讼法》第九十五条之规定，向你公告送达起诉状副本、应诉通知书、举证通知书、开庭传票、民事裁定书、合议庭组成人员通知书及依法享有的诉讼权利和义务。自公告之日起经过三十日即视为送达。提出答辩状和举证的期限分别为公告送达期满后的十五日内和三十日内。本院定于举证期满后第三日上午九时在本院第七法庭公开开庭审理，逾期将依法缺席判决。特此公告。
四川省南充市顺庆区人民法院
（2022）苏0509民初1234号本院受理原告诉被告借款合同纠纷一案，因你下落不明，依照《中华人民共和国民事诉讼法》第九十五条之规定，向你公告送达起诉状副本、应诉通知书、举证通知书、开庭传票、民事裁定书、合议庭组成人员通知书及依法享有的诉讼权利和义务。自公告之日起经过三十日即视为送达。提出答辩状和举证的期限分别为公告送达期满后的十五日内和三十日内。本院定于举证期满后第三日上午九时在本院第七法庭公开开庭审理，逾期将依法缺席判决。特此公告。
江苏省无锡市梁溪区人民法院
刘某某、赵某某：本院受理原告诉被告借款合同纠纷一案，因你下落不明，依照《中华人民共和国民事诉讼法》第九十五条之规定，向你公告送达起诉状副本、应诉通知书、举证通知书、开庭传票、民事裁定书、合议庭组成人员通知书及依法享有的诉讼权利和义务。自公告之日起经过三十日即视为送达。提出答辩状和举证的期限分别为公告送达期满后的十五日内和三十日内。本院定于举证期满后第三日上午九时在本院第七法庭公开开庭审理，逾期将依法缺席判决。特此公告。
河南省郑州市金水区人民法院
王某某、张某某：本院受理原告诉被告借款合同纠纷一案，因你下落不明，依照《中华人民共和国民事诉讼法》第九十五条之规定，向你公告送达起诉状副本、应诉通知书、举证通知书、开庭传票、民事裁定书、合议庭组成人员通知书及依法享有的诉讼权利和义务。自公告之日起经过三十日即视为送达。提出答辩状和举证的期限分别为公告送达期满后的十五日内和三十日内。本院定于举证期满后第三日上午九时在本院第七法庭公开开庭审理，逾期将依法缺席判决。特此公告。
贵州省兴仁市人民法院
陈某、李某某：本院受理原告诉被告借款合同纠纷一案，因你下落不明，依照《中华人民共和国民事诉讼法》第九十五条之规定，向你公告送达起诉状副本、应诉通知书、举证通知书、开庭传票、民事裁定书、合议庭组成人员通知书及依法享有的诉讼权利和义务。自公告之日起经过三十日即视为送达。提出答辩状和举证的期限分别为公告送达期满后的十五日内和三十日内。本院定于举证期满后第三日上午九时在本院第七法庭公开开庭审理，逾期将依法缺席判决。特此公告。
天津市南开区人民法院
本院受理原告本院受理原告诉被告借款合同纠纷一案，因你下落不明，依照《中华人民共和国民事诉讼法》第九十五条之规定，向你公告送达起诉状副本、应诉通知书、举证通知书、开庭传票、民事裁定书、合议庭组成人员通知书及依法享有的诉讼权利和义务。自公告之日起经过三十日即视为送达。提出答辩状和举证的期限分别为公告送达期满后的十五日内和三十日内。本院定于举证期满后第三日上午九时在本院第七法庭公开开庭审理，逾期将依法缺席判决。特此公告。
江苏省苏州市吴江区人民法院
（2022）苏0509民初1234号本院受理原告诉被告借款合同纠纷一案，因你下落不明，依照《中华人民共和国民事诉讼法》第九十五条之规定，向你公告送达起诉状副本、应诉通知书、举证通知书、开庭传票、民事裁定书、合议庭组成人员通知书及依法享有的诉讼权利和义务。自公告之日起经过三十日即视为送达。提出答辩状和举证的期限分别为公告送达期满后的十五日内和三十日内。本院定于举证期满后第三日上午九时在本院第七法庭公开开庭审理，逾期将依法缺席判决。特此公告。
浙江省宁波市鄞州区人民法院
刘某某、赵某某：本院受理原告诉被告借款合同纠纷一案，因你下落不明，依照《中华人民共和国民事诉讼法》第九十五条之规定，向你公告送达起诉状副本、应诉通知书、举证通知书、开庭传票、民事裁定书、合议庭组成人员通知书及依法享有的诉讼权利和义务。自公告之日起经过三十日即视为送达。提出答辩状和举证的期限分别为公告送达期满后的十五日内和三十日内。本院定于举证期满后第三日上午九时在本院第七法庭公开开庭审理，逾期将依法缺席判决。特此公告。
江苏省南京市中级人民法院
王某某、张某某：本院受理原告诉被告借款合同纠纷一案，因你下落不明，依照《中华人民共和国民事诉讼法》第九十五条之规定，向你公告送达起诉状副本、应诉通知书、举证通知书、开庭传票、民事裁定书、合议庭组成人员通知书及依法享有的诉讼权利和义务。自公告之日起经过三十日即视为送达。提出答辩状和举证的期限分别为公告送达期满后的十五日内和三十日内。本院定于举证期满后第三日上午九时在本院第七法庭公开开庭审理，逾期将依法缺席判决。特此公告。
四川省南充市顺庆区人民法院
陈某、李某某：本院受理原告诉被告借款合同纠纷一案，因你下落不明，依照《中华人民共和国民事诉讼法》第九十五条之规定，向你公告送达起诉状副本、应诉通知书、举证通知书、开庭传票、民事裁定书、合议庭组成人员通知书及依法享有的诉讼权利和义务。自公告之日起经过三十日即视为送达。提出答辩状和举证的期限分别为公告送达期满后的十五日内和三十日内。本院定于举证期满后第三日上午九时在本院第七法庭公开开庭审理，逾期将依法缺席判决。特此公告。
江苏省无锡市梁溪区人民法院
本院受理原告本院受理原告诉被告借款合同纠纷一案，因你下落不明，依照《中华人民共和国民事诉讼法》第九十五条之规定，向你公告送达起诉状副本、应诉通知书、举证通知书、开庭传票、民事裁定书、合议庭组成人员通知书及依法享有的诉讼权利和义务。自公告之日起经过三十日即视为送达。提出答辩状和举证的期限分别为公告送达期满后的十五日内和三十日内。本院定于举证期满后第三日上午九时在本院第七法庭公开开庭审理，逾期将依法缺席判决。特此公告。
河南省郑州市金水区人民法院
（2022）苏0509民初1234号本院受理原告诉被告借款合同纠纷一案，因你下落不明，依照《中华人民共和国民事诉讼法》第九十五条之规定，向你公告送达起诉状副本、应诉通知书、举证通知书、开庭传票、民事裁定书、合议庭组成人员通知书及依法享有的诉讼权利和义务。自公告之日起经过三十日即视为送达。提出答辩状和举证的期限分别为公告送达期满后的十五日内和三十日内。本院定于举证期满后第三日上午九时在本院第七法庭公开开庭审理，逾期将依法缺席判决。特此公告。
贵州省兴仁市人民法院
刘某某、赵某某：本院受理原告诉被告借款合同纠纷一案，因你下落不明，依照《中华人民共和国民事诉讼法》第九十五条之规定，向你公告送达起诉状副本、应诉通知书、举证通知书、开庭传票、民事裁定书、合议庭组成人员通知书及依法享有的诉讼权利和义务。自公告之日起经过三十日即视为送达。提出答辩状和举证的期限分别为公告送达期满后的十五日内和三十日内。本院定于举证期满后第三日上午九时在本院第七法庭公开开庭审理，逾期将依法缺席判决。特此公告。
天津市南开区人民法院
王某某、张某某：本院受理原告诉被告借款合同纠纷一案，因你下落不明，依照《中华人民共和国民事诉讼法》第九十五条之规定，向你公告送达起诉状副本、应诉通知书、举证通知书、开庭传票、民事裁定书、合议庭组成人员通知书及依法享有的诉讼权利和义务。自公告之日起经过三十日即视为送达。提出答辩状和举证的期限分别为公告送达期满后的十五日内和三十日内。本院定于举证期满后第三日上午九时在本院第七法庭公开开庭审理，逾期将依法缺席判决。特此公告。
江苏省苏州市吴江区人民法院
陈某、李某某：本院受理原告诉被告借款合同纠纷一案，因你下落不明，依照《中华人民共和国民事诉讼法》第九十五条之规定，向你公告送达起诉状副本、应诉通知书、举证通知书、开庭传票、民事裁定书、合议庭组成人员通知书及依法享有的诉讼权利和义务。自公告之日起经过三十日即视为送达。提出答辩状和举证的期限分别为公告送达期满后的十五日内和三十日内。本院定于举证期满后第三日上午九时在本院第七法庭公开开庭审理，逾期将依法缺席判决。特此公告。
浙江省宁波市鄞州区人民法院
本院受理原告本院受理原告诉被告借款合同纠纷一案，因你下落不明，依照《中华人民共和国民事诉讼法》第九十五条之规定，向你公告送达起诉状副本、应诉通知书、举证通知书、开庭传票、民事裁定书、合议庭组成人员通知书及依法享有的诉讼权利和义务。自公告之日起经过三十日即视为送达。提出答辩状和举证的期限分别为公告送达期满后的十五日内和三十日内。本院定于举证期满后第三日上午九时在本院第七法庭公开开庭审理，逾期将依法缺席判决。特此公告。
江苏省南京市中级人民法院
（2022）苏0509民初1234号本院受理原告诉被告借款合同纠纷一案，因你下落不明，依照《中华人民共和国民事诉讼法》第九十五条之规定，向你公告送达起诉状副本、应诉通知书、举证通知书、开庭传票、民事裁定书、合议庭组成人员通知书及依法享有的诉讼权利和义务。自公告之日起经过三十日即视为送达。提出答辩状和举证的期限分别为公告送达期满后的十五日内和三十日内。本院定于举证期满后第三日上午九时在本院第七法庭公开开庭审理，逾期将依法缺席判决。特此公告。
四川省南充市顺庆区人民法院
刘某某、赵某某：本院受理原告诉被告借款合同纠纷一案，因你下落不明，依照《中华人民共和国民事诉讼法》第九十五条之规定，向你公告送达起诉状副本、应诉通知书、举证通知书、开庭传票、民事裁定书、合议庭组成人员通知书及依法享有的诉讼权利和义务。自公告之日起经过三十日即视为送达。提出答辩状和举证的期限分别为公告送达期满后的十五日内和三十日内。本院定于举证期满后第三日上午九时在本院第七法庭公开开庭审理，逾期将依法缺席判决。特此公告。
江苏省无锡市梁溪区人民法院
王某某、张某某：本院受理原告诉被告借款合同纠纷一案，因你下落不明，依照《中华人民共和国民事诉讼法》第九十五条之规定，向你公告送达起诉状副本、应诉通知书、举证通知书、开庭传票、民事裁定书、合议庭组成人员通知书及依法享有的诉讼权利和义务。自公告之日起经过三十日即视为送达。提出答辩状和举证的期限分别为公告送达期满后的十五日内和三十日内。本院定于举证期满后第三日上午九时在本院第七法庭公开开庭审理，逾期将依法缺席判决。特此公告。
河南省郑州市金水区人民法院
陈某、李某某：本院受理原告诉被告借款合同纠纷一案，因你下落不明，依照《中华人民共和国民事诉讼法》第九十五条之规定，向你公告送达起诉状副本、应诉通知书、举证通知书、开庭传票、民事裁定书、合议庭组成人员通知书及依法享有的诉讼权利和义务。自公告之日起经过三十日即视为送达。提出答辩状和举证的期限分别为公告送达期满后的十五日内和三十日内。本院定于举证期满后第三日上午九时在本院第七法庭公开开庭审理，逾期将依法缺席判决。特此公告。
贵州省兴仁市人民法院
本院受理原告本院受理原告诉被告借款合同纠纷一案，因你下落不明，依照《中华人民共和国民事诉讼法》第九十五条之规定，向你公告送达起诉状副本、应诉通知书、举证通知书、开庭传票、民事裁定书、合议庭组成人员通知书及依法享有的诉讼权利和义务。自公告之日起经过三十日即视为送达。提出答辩状和举证的期限分别为公告送达期满后的十五日内和三十日内。本院定于举证期满后第三日上午九时在本院第七法庭公开开庭审理，逾期将依法缺席判决。特此公告。
天津市南开区人民法院
（2022）苏0509民初1234号本院受理原告诉被告借款合同纠纷一案，因你下落不明，依照《中华人民共和国民事诉讼法》第九十五条之规定，向你公告送达起诉状副本、应诉通知书、举证通知书、开庭传票、民事裁定书、合议庭组成人员通知书及依法享有的诉讼权利和义务。自公告之日起经过三十日即视为送达。提出答辩状和举证的期限分别为公告送达期满后的十五日内和三十日内。本院定于举证期满后第三日上午九时在本院第七法庭公开开庭审理，逾期将依法缺席判决。特此公告。
江苏省苏州市吴江区人民法院
刘某某、赵某某：本院受理原告诉被告借款合同纠纷一案，因你下落不明，依照《中华人民共和国民事诉讼法》第九十五条之规定，向你公告送达起诉状副本、应诉通知书、举证通知书、开庭传票、民事裁定书、合议庭组成人员通知书及依法享有的诉讼权利和义务。自公告之日起经过三十日即视为送达。提出答辩状和举证的期限分别为公告送达期满后的十五日内和三十日内。本院定于举证期满后第三日上午九时在本院第七法庭公开开庭审理，逾期将依法缺席判决。特此公告。
浙江省宁波市鄞州区人民法院
王某某、张某某：本院受理原告诉被告借款合同纠纷一案，因你下落不明，依照《中华人民共和国民事诉讼法》第九十五条之规定，向你公告送达起诉状副本、应诉通知书、举证通知书、开庭传票、民事裁定书、合议庭组成人员通知书及依法享有的诉讼权利和义务。自公告之日起经过三十日即视为送达。提出答辩状和举证的期限分别为公告送达期满后的十五日内和三十日内。本院定于举证期满后第三日上午九时在本院第七法庭公开开庭审理，逾期将依法缺席判决。特此公告。
江苏省南京市中级人民法院
陈某、李某某：本院受理原告诉被告借款合同纠纷一案，因你下落不明，依照《中华人民共和国民事诉讼法》第九十五条之规定，向你公告送达起诉状副本、应诉通知书、举证通知书、开庭传票、民事裁定书、合议庭组成人员通知书及依法享有的诉讼权利和义务。自公告之日起经过三十日即视为送达。提出答辩状和举证的期限分别为公告送达期满后的十五日内和三十日内。本院定于举证期满后第三日上午九时在本院第七法庭公开开庭审理，逾期将依法缺席判决。特此公告。
四川省南充市顺庆区人民法院
本院受理原告本院受理原告诉被告借款合同纠纷一案，因你下落不明，依照《中华人民共和国民事诉讼法》第九十五条之规定，向你公告送达起诉状副本、应诉通知书、举证通知书、开庭传票、民事裁定书、合议庭组成人员通知书及依法享有的诉讼权利和义务。自公告之日起经过三十日即视为送达。提出答辩状和举证的期限分别为公告送达期满后的十五日内和三十日内。本院定于举证期满后第三日上午九时在本院第七法庭公开开庭审理，逾期将依法缺席判决。特此公告。
江苏省无锡市梁溪区人民法院
（2022）苏0509民初1234号本院受理原告诉被告借款合同纠纷一案，因你下落不明，依照《中华人民共和国民事诉讼法》第九十五条之规定，向你公告送达起诉状副本、应诉通知书、举证通知书、开庭传票、民事裁定书、合议庭组成人员通知书及依法享有的诉讼权利和义务。自公告之日起经过三十日即视为送达。提出答辩状和举证的期限分别为公告送达期满后的十五日内和三十日内。本院定于举证期满后第三日上午九时在本院第七法庭公开开庭审理，逾期将依法缺席判决。特此公告。
河南省郑州市金水区人民法院
刘某某、赵某某：本院受理原告诉被告借款合同纠纷一案，因你下落不明，依照《中华人民共和国民事诉讼法》第九十五条之规定，向你公告送达起诉状副本、应诉通知书、举证通知书、开庭传票、民事裁定书、合议庭组成人员通知书及依法享有的诉讼权利和义务。自公告之日起经过三十日即视为送达。提出答辩状和举证的期限分别为公告送达期满后的十五日内和三十日内。本院定于举证期满后第三日上午九时在本院第七法庭公开开庭审理，逾期将依法缺席判决。特此公告。
贵州省兴仁市人民法院
王某某、张某某：本院受理原告诉被告借款合同纠纷一案，因你下落不明，依照《中华人民共和国民事诉讼法》第九十五条之规定，向你公告送达起诉状副本、应诉通知书、举证通知书、开庭传票、民事裁定书、合议庭组成人员通知书及依法享有的诉讼权利和义务。自公告之日起经过三十日即视为送达。提出答辩状和举证的期限分别为公告送达期满后的十五日内和三十日内。本院定于举证期满后第三日上午九时在本院第七法庭公开开庭审理，逾期将依法缺席判决。特此公告。
天津市南开区人民法院
陈某、李某某：本院受理原告诉被告借款合同纠纷一案，因你下落不明，依照《中华人民共和国民事诉讼法》第九十五条之规定，向你公告送达起诉状副本、应诉通知书、举证通知书、开庭传票、民事裁定书、合议庭组成人员通知书及依法享有的诉讼权利和义务。自公告之日起经过三十日即视为送达。提出答辩状和举证的期限分别为公告送达期满后的十五日内和三十日内。本院定于举证期满后第三日上午九时在本院第七法庭公开开庭审理，逾期将依法缺席判决。特此公告。
江苏省苏州市吴江区人民法院
本院受理原告本院受理原告诉被告借款合同纠纷一案，因你下落不明，依照《中华人民共和国民事诉讼法》第九十五条之规定，向你公告送达起诉状副本、应诉通知书、举证通知书、开庭传票、民事裁定书、合议庭组成人员通知书及依法享有的诉讼权利和义务。自公告之日起经过三十日即视为送达。提出答辩状和举证的期限分别为公告送达期满后的十五日内和三十日内。本院定于举证期满后第三日上午九时在本院第七法庭公开开庭审理，逾期将依法缺席判决。特此公告。
浙江省宁波市鄞州区人民法院
（2022）苏0509民初1234号本院受理原告诉被告借款合同纠纷一案，因你下落不明，依照《中华人民共和国民事诉讼法》第九十五条之规定，向你公告送达起诉状副本、应诉通知书、举证通知书、开庭传票、民事裁定书、合议庭组成人员通知书及依法享有的诉讼权利和义务。自公告之日起经过三十日即视为送达。提出答辩状和举证的期限分别为公告送达期满后的十五日内和三十日内。本院定于举证期满后第三日上午九时在本院第七法庭公开开庭审理，逾期将依法缺席判决。特此公告。
江苏省南京市中级人民法院
刘某某、赵某某：本院受理原告诉被告借款合同纠纷一案，因你下落不明，依照《中华人民共和国民事诉讼法》第九十五条之规定，向你公告送达起诉状副本、应诉通知书、举证通知书、开庭传票、民事裁定书、合议庭组成人员通知书及依法享有的诉讼权利和义务。自公告之日起经过三十日即视为送达。提出答辩状和举证的期限分别为公告送达期满后的十五日内和三十日内。本院定于举证期满后第三日上午九时在本院第七法庭公开开庭审理，逾期将依法缺席判决。特此公告。
四川省南充市顺庆区人民法院
王某某、张某某：本院受理原告诉被告借款合同纠纷一案，因你下落不明，依照《中华人民共和国民事诉讼法》第九十五条之规定，向你公告送达起诉状副本、应诉通知书、举证通知书、开庭传票、民事裁定书、合议庭组成人员通知书及依法享有的诉讼权利和义务。自公告之日起经过三十日即视为送达。提出答辩状和举证的期限分别为公告送达期满后的十五日内和三十日内。本院定于举证期满后第三日上午九时在本院第七法庭公开开庭审理，逾期将依法缺席判决。特此公告。
江苏省无锡市梁溪区人民法院
陈某、李某某：本院受理原告诉被告借款合同纠纷一案，因你下落不明，依照《中华人民共和国民事诉讼法》第九十五条之规定，向你公告送达起诉状副本、应诉通知书、举证通知书、开庭传票、民事裁定书、合议庭组成人员通知书及依法享有的诉讼权利和义务。自公告之日起经过三十日即视为送达。提出答辩状和举证的期限分别为公告送达期满后的十五日内和三十日内。本院定于举证期满后第三日上午九时在本院第七法庭公开开庭审理，逾期将依法缺席判决。特此公告。
河南省郑州市金水区人民法院
本院受理原告本院受理原告诉被告借款合同纠纷一案，因你下落不明，依照《中华人民共和国民事诉讼法》第九十五条之规定，向你公告送达起诉状副本、应诉通知书、举证通知书、开庭传票、民事裁定书、合议庭组成人员通知书及依法享有的诉讼权利和义务。自公告之日起经过三十日即视为送达。提出答辩状和举证的期限分别为公告送达期满后的十五日内和三十日内。本院定于举证期满后第三日上午九时在本院第七法庭公开开庭审理，逾期将依法缺席判决。特此公告。
贵州省兴仁市人民法院
（2022）苏0509民初1234号本院受理原告诉被告借款合同纠纷一案，因你下落不明，依照《中华人民共和国民事诉讼法》第九十五条之规定，向你公告送达起诉状副本、应诉通知书、举证通知书、开庭传票、民事裁定书、合议庭组成人员通知书及依法享有的诉讼权利和义务。自公告之日起经过三十日即视为送达。提出答辩状和举证的期限分别为公告送达期满后的十五日内和三十日内。本院定于举证期满后第三日上午九时在本院第七法庭公开开庭审理，逾期将依法缺席判决。特此公告。
天津市南开区人民法院
公告专栏
遗失声明
（2022）苏0509民初1234号本院受理原告诉被告借款合同纠纷一案，因你下落不明，依照《中华人民共和国民事诉讼法》第九十五条之规定，向你公告送达起诉状副本、应诉通知书、举证通知书、开庭传票、民事裁定书、合议庭组成人员通知书及依法享有的诉讼权利和义务。自公告之日起经过三十日即视为送达。提出答辩状和举证的期限分别为公告送达期满后的十五日内和三十日内。本院定于举证期满后第三日上午九时在本院第七法庭公开开庭审理，逾期将依法缺席判决。特此公告。
浙江省宁波市鄞州区人民法院
刘某某、赵某某：本院受理原告诉被告借款合同纠纷一案，因你下落不明，依照《中华人民共和国民事诉讼法》第九十五条之规定，向你公告送达起诉状副本、应诉通知书、举证通知书、开庭传票、民事裁定书、合议庭组成人员通知书及依法享有的诉讼权利和义务。自公告之日起经过三十日即视为送达。提出答辩状和举证的期限分别为公告送达期满后的十五日内和三十日内。本院定于举证期满后第三日上午九时在本院第七法庭公开开庭审理，逾期将依法缺席判决。特此公告。
江苏省南京市中级人民法院
王某某、张某某：本院受理原告诉被告借款合同纠纷一案，因你下落不明，依照《中华人民共和国民事诉讼法》第九十五条之规定，向你公告送达起诉状副本、应诉通知书、举证通知书、开庭传票、民事裁定书、合议庭组成人员通知书及依法享有的诉讼权利和义务。自公告之日起经过三十日即视为送达。提出答辩状和举证的期限分别为公告送达期满后的十五日内和三十日内。本院定于举证期满后第三日上午九时在本院第七法庭公开开庭审理，逾期将依法缺席判决。特此公告。
四川省南充市顺庆区人民法院
陈某、李某某：本院受理原告诉被告借款合同纠纷一案，因你下落不明，依照《中华人民共和国民事诉讼法》第九十五条之规定，向你公告送达起诉状副本、应诉通知书、举证通知书、开庭传票、民事裁定书、合议庭组成人员通知书及依法享有的诉讼权利和义务。自公告之日起经过三十日即视为送达。提出答辩状和举证的期限分别为公告送达期满后的十五日内和三十日内。本院定于举证期满后第三日上午九时在本院第七法庭公开开庭审理，逾期将依法缺席判决。特此公告。
江苏省无锡市梁溪区人民法院
本院受理原告本院受理原告诉被告借款合同纠纷一案，因你下落不明，依照《中华人民共和国民事诉讼法》第九十五条之规定，向你公告送达起诉状副本、应诉通知书、举证通知书、开庭传票、民事裁定书、合议庭组成人员通知书及依法享有的诉讼权利和义务。自公告之日起经过三十日即视为送达。提出答辩状和举证的期限分别为公告送达期满后的十五日内和三十日内。本院定于举证期满后第三日上午九时在本院第七法庭公开开庭审理，逾期将依法缺席判决。特此公告。
河南省郑州市金水区人民法院
（2022）苏0509民初1234号本院受理原告诉被告借款合同纠纷一案，因你下落不明，依照《中华人民共和国民事诉讼法》第九十五条之规定，向你公告送达起诉状副本、应诉通知书、举证通知书、开庭传票、民事裁定书、合议庭组成人员通知书及依法享有的诉讼权利和义务。自公告之日起经过三十日即视为送达。提出答辩状和举证的期限分别为公告送达期满后的十五日内和三十日内。本院定于举证期满后第三日上午九时在本院第七法庭公开开庭审理，逾期将依法缺席判决。特此公告。
贵州省兴仁市人民法院
刘某某、赵某某：本院受理原告诉被告借款合同纠纷一案，因你下落不明，依照《中华人民共和国民事诉讼法》第九十五条之规定，向你公告送达起诉状副本、应诉通知书、举证通知书、开庭传票、民事裁定书、合议庭组成人员通知书及依法享有的诉讼权利和义务。自公告之日起经过三十日即视为送达。提出答辩状和举证的期限分别为公告送达期满后的十五日内和三十日内。本院定于举证期满后第三日上午九时在本院第七法庭公开开庭审理，逾期将依法缺席判决。特此公告。
天津市南开区人民法院
王某某、张某某：本院受理原告诉被告借款合同纠纷一案，因你下落不明，依照《中华人民共和国民事诉讼法》第九十五条之规定，向你公告送达起诉状副本、应诉通知书、举证通知书、开庭传票、民事裁定书、合议庭组成人员通知书及依法享有的诉讼权利和义务。自公告之日起经过三十日即视为送达。提出答辩状和举证的期限分别为公告送达期满后的十五日内和三十日内。本院定于举证期满后第三日上午九时在本院第七法庭公开开庭审理，逾期将依法缺席判决。特此公告。
江苏省苏州市吴江区人民法院
陈某、李某某：本院受理原告诉被告借款合同纠纷一案，因你下落不明，依照《中华人民共和国民事诉讼法》第九十五条之规定，向你公告送达起诉状副本、应诉通知书、举证通知书、开庭传票、民事裁定书、合议庭组成人员通知书及依法享有的诉讼权利和义务。自公告之日起经过三十日即视为送达。提出答辩状和举证的期限分别为公告送达期满后的十五日内和三十日内。本院定于举证期满后第三日上午九时在本院第七法庭公开开庭审理，逾期将依法缺席判决。特此公告。
浙江省宁波市鄞州区人民法院
本院受理原告本院受理原告诉被告借款合同纠纷一案，因你下落不明，依照《中华人民共和国民事诉讼法》第九十五条之规定，向你公告送达起诉状副本、应诉通知书、举证通知书、开庭传票、民事裁定书、合议庭组成人员通知书及依法享有的诉讼权利和义务。自公告之日起经过三十日即视为送达。提出答辩状和举证的期限分别为公告送达期满后的十五日内和三十日内。本院定于举证期满后第三日上午九时在本院第七法庭公开开庭审理，逾期将依法缺席判决。特此公告。
江苏省南京市中级人民法院
（2022）苏0509民初1234号本院受理原告诉被告借款合同纠纷一案，因你下落不明，依照《中华人民共和国民事诉讼法》第九十五条之规定，向你公告送达起诉状副本、应诉通知书、举证通知书、开庭传票、民事裁定书、合议庭组成人员通知书及依法享有的诉讼权利和义务。自公告之日起经过三十日即视为送达。提出答辩状和举证的期限分别为公告送达期满后的十五日内和三十日内。本院定于举证期满后第三日上午九时在本院第七法庭公开开庭审理，逾期将依法缺席判决。特此公告。
四川省南充市顺庆区人民法院
刘某某、赵某某：本院受理原告诉被告借款合同纠纷一案，因你下落不明，依照《中华人民共和国民事诉讼法》第九十五条之规定，向你公告送达起诉状副本、应诉通知书、举证通知书、开庭传票、民事裁定书、合议庭组成人员通知书及依法享有的诉讼权利和义务。自公告之日起经过三十日即视为送达。提出答辩状和举证的期限分别为公告送达期满后的十五日内和三十日内。本院定于举证期满后第三日上午九时在本院第七法庭公开开庭审理，逾期将依法缺席判决。特此公告。
江苏省无锡市梁溪区人民法院
王某某、张某某：本院受理原告诉被告借款合同纠纷一案，因你下落不明，依照《中华人民共和国民事诉讼法》第九十五条之规定，向你公告送达起诉状副本、应诉通知书、举证通知书、开庭传票、民事裁定书、合议庭组成人员通知书及依法享有的诉讼权利和义务。自公告之日起经过三十日即视为送达。提出答辩状和举证的期限分别为公告送达期满后的十五日内和三十日内。本院定于举证期满后第三日上午九时在本院第七法庭公开开庭审理，逾期将依法缺席判决。特此公告。
河南省郑州市金水区人民法院
陈某、李某某：本院受理原告诉被告借款合同纠纷一案，因你下落不明，依照《中华人民共和国民事诉讼法》第九十五条之规定，向你公告送达起诉状副本、应诉通知书、举证通知书、开庭传票、民事裁定书、合议庭组成人员通知书及依法享有的诉讼权利和义务。自公告之日起经过三十日即视为送达。提出答辩状和举证的期限分别为公告送达期满后的十五日内和三十日内。本院定于举证期满后第三日上午九时在本院第七法庭公开开庭审理，逾期将依法缺席判决。特此公告。
贵州省兴仁市人民法院
本院受理原告本院受理原告诉被告借款合同纠纷一案，因你下落不明，依照《中华人民共和国民事诉讼法》第九十五条之规定，向你公告送达起诉状副本、应诉通知书、举证通知书、开庭传票、民事裁定书、合议庭组成人员通知书及依法享有的诉讼权利和义务。自公告之日起经过三十日即视为送达。提出答辩状和举证的期限分别为公告送达期满后的十五日内和三十日内。本院定于举证期满后第三日上午九时在本院第七法庭公开开庭审理，逾期将依法缺席判决。特此公告。
天津市南开区人民法院
（2022）苏0509民初1234号本院受理原告诉被告借款合同纠纷一案，因你下落不明，依照《中华人民共和国民事诉讼法》第九十五条之规定，向你公告送达起诉状副本、应诉通知书、举证通知书、开庭传票、民事裁定书、合议庭组成人员通知书及依法享有的诉讼权利和义务。自公告之日起经过三十日即视为送达。提出答辩状和举证的期限分别为公告送达期满后的十五日内和三十日内。本院定于举证期满后第三日上午九时在本院第七法庭公开开庭审理，逾期将依法缺席判决。特此公告。
江苏省苏州市吴江区人民法院
刘某某、赵某某：本院受理原告诉被告借款合同纠纷一案，因你下落不明，依照《中华人民共和国民事诉讼法》第九十五条之规定，向你公告送达起诉状副本、应诉通知书、举证通知书、开庭传票、民事裁定书、合议庭组成人员通知书及依法享有的诉讼权利和义务。自公告之日起经过三十日即视为送达。提出答辩状和举证的期限分别为公告送达期满后的十五日内和三十日内。本院定于举证期满后第三日上午九时在本院第七法庭公开开庭审理，逾期将依法缺席判决。特此公告。
浙江省宁波市鄞州区人民法院
王某某、张某某：本院受理原告诉被告借款合同纠纷一案，因你下落不明，依照《中华人民共和国民事诉讼法》第九十五条之规定，向你公告送达起诉状副本、应诉通知书、举证通知书、开庭传票、民事裁定书、合议庭组成人员通知书及依法享有的诉讼权利和义务。自公告之日起经过三十日即视为送达。提出答辩状和举证的期限分别为公告送达期满后的十五日内和三十日内。本院定于举证期满后第三日上午九时在本院第七法庭公开开庭审理，逾期将依法缺席判决。特此公告。
江苏省南京市中级人民法院
陈某、李某某：本院受理原告诉被告借款合同纠纷一案，因你下落不明，依照《中华人民共和国民事诉讼法》第九十五条之规定，向你公告送达起诉状副本、应诉通知书、举证通知书、开庭传票、民事裁定书、合议庭组成人员通知书及依法享有的诉讼权利和义务。自公告之日起经过三十日即视为送达。提出答辩状和举证的期限分别为公告送达期满后的十五日内和三十日内。本院定于举证期满后第三日上午九时在本院第七法庭公开开庭审理，逾期将依法缺席判决。特此公告。
四川省南充市顺庆区人民法院
本院受理原告本院受理原告诉被告借款合同纠纷一案，因你下落不明，依照《中华人民共和国民事诉讼法》第九十五条之规定，向你公告送达起诉状副本、应诉通知书、举证通知书、开庭传票、民事裁定书、合议庭组成人员通知书及依法享有的诉讼权利和义务。自公告之日起经过三十日即视为送达。提出答辩状和举证的期限分别为公告送达期满后的十五日内和三十日内。本院定于举证期满后第三日上午九时在本院第七法庭公开开庭审理，逾期将依法缺席判决。特此公告。
江苏省无锡市梁溪区人民法院
（2022）苏0509民初1234号本院受理原告诉被告借款合同纠纷一案，因你下落不明，依照《中华人民共和国民事诉讼法》第九十五条之规定，向你公告送达起诉状副本、应诉通知书、举证通知书、开庭传票、民事裁定书、合议庭组成人员通知书及依法享有的诉讼权利和义务。自公告之日起经过三十日即视为送达。提出答辩状和举证的期限分别为公告送达期满后的十五日内和三十日内。本院定于举证期满后第三日上午九时在本院第七法庭公开开庭审理，逾期将依法缺席判决。特此公告。
河南省郑州市金水区人民法院
刘某某、赵某某：本院受理原告诉被告借款合同纠纷一案，因你下落不明，依照《中华人民共和国民事诉讼法》第九十五条之规定，向你公告送达起诉状副本、应诉通知书、举证通知书、开庭传票、民事裁定书、合议庭组成人员通知书及依法享有的诉讼权利和义务。自公告之日起经过三十日即视为送达。提出答辩状和举证的期限分别为公告送达期满后的十五日内和三十日内。本院定于举证期满后第三日上午九时在本院第七法庭公开开庭审理，逾期将依法缺席判决。特此公告。
贵州省兴仁市人民法院
领取债权公告
王某某、张某某：本院受理原告诉被告借款合同纠纷一案，因你下落不明，依照《中华人民共和国民事诉讼法》第九十五条之规定，向你公告送达起诉状副本、应诉通知书、举证通知书、开庭传票、民事裁定书、合议庭组成人员通知书及依法享有的诉讼权利和义务。自公告之日起经过三十日即视为送达。提出答辩状和举证的期限分别为公告送达期满后的十五日内和三十日内。本院定于举证期满后第三日上午九时在本院第七法庭公开开庭审理，逾期将依法缺席判决。特此公告。
天津市南开区人民法院
陈某、李某某：本院受理原告诉被告借款合同纠纷一案，因你下落不明，依照《中华人民共和国民事诉讼法》第九十五条之规定，向你公告送达起诉状副本、应诉通知书、举证通知书、开庭传票、民事裁定书、合议庭组成人员通知书及依法享有的诉讼权利和义务。自公告之日起经过三十日即视为送达。提出答辩状和举证的期限分别为公告送达期满后的十五日内和三十日内。本院定于举证期满后第三日上午九时在本院第七法庭公开开庭审理，逾期将依法缺席判决。特此公告。
江苏省苏州市吴江区人民法院
本院受理原告本院受理原告诉被告借款合同纠纷一案，因你下落不明，依照《中华人民共和国民事诉讼法》第九十五条之规定，向你公告送达起诉状副本、应诉通知书、举证通知书、开庭传票、民事裁定书、合议庭组成人员通知书及依法享有的诉讼权利和义务。自公告之日起经过三十日即视为送达。提出答辩状和举证的期限分别为公告送达期满后的十五日内和三十日内。本院定于举证期满后第三日上午九时在本院第七法庭公开开庭审理，逾期将依法缺席判决。特此公告。
浙江省宁波市鄞州区人民法院
（2022）苏0509民初1234号本院受理原告诉被告借款合同纠纷一案，因你下落不明，依照《中华人民共和国民事诉讼法》第九十五条之规定，向你公告送达起诉状副本、应诉通知书、举证通知书、开庭传票、民事裁定书、合议庭组成人员通知书及依法享有的诉讼权利和义务。自公告之日起经过三十日即视为送达。提出答辩状和举证的期限分别为公告送达期满后的十五日内和三十日内。本院定于举证期满后第三日上午九时在本院第七法庭公开开庭审理，逾期将依法缺席判决。特此公告。
江苏省南京市中级人民法院
刘某某、赵某某：本院受理原告诉被告借款合同纠纷一案，因你下落不明，依照《中华人民共和国民事诉讼法》第九十五条之规定，向你公告送达起诉状副本、应诉通知书、举证通知书、开庭传票、民事裁定书、合议庭组成人员通知书及依法享有的诉讼权利和义务。自公告之日起经过三十日即视为送达。提出答辩状和举证的期限分别为公告送达期满后的十五日内和三十日内。本院定于举证期满后第三日上午九时在本院第七法庭公开开庭审理，逾期将依法缺席判决。特此公告。
四川省南充市顺庆区人民法院
王某某、张某某：本院受理原告诉被告借款合同纠纷一案，因你下落不明，依照《中华人民共和国民事诉讼法》第九十五条之规定，向你公告送达起诉状副本、应诉通知书、举证通知书、开庭传票、民事裁定书、合议庭组成人员通知书及依法享有的诉讼权利和义务。自公告之日起经过三十日即视为送达。提出答辩状和举证的期限分别为公告送达期满后的十五日内和三十日内。本院定于举证期满后第三日上午九时在本院第七法庭公开开庭审理，逾期将依法缺席判决。特此公告。
江苏省无锡市梁溪区人民法院
陈某、李某某：本院受理原告诉被告借款合同纠纷一案，因你下落不明，依照《中华人民共和国民事诉讼法》第九十五条之规定，向你公告送达起诉状副本、应诉通知书、举证通知书、开庭传票、民事裁定书、合议庭组成人员通知书及依法享有的诉讼权利和义务。自公告之日起经过三十日即视为送达。提出答辩状和举证的期限分别为公告送达期满后的十五日内和三十日内。本院定于举证期满后第三日上午九时在本院第七法庭公开开庭审理，逾期将依法缺席判决。特此公告。
河南省郑州市金水区人民法院
本院受理原告本院受理原告诉被告借款合同纠纷一案，因你下落不明，依照《中华人民共和国民事诉讼法》第九十五条之规定，向你公告送达起诉状副本、应诉通知书、举证通知书、开庭传票、民事裁定书、合议庭组成人员通知书及依法享有的诉讼权利和义务。自公告之日起经过三十日即视为送达。提出答辩状和举证的期限分别为公告送达期满后的十五日内和三十日内。本院定于举证期满后第三日上午九时在本院第七法庭公开开庭审理，逾期将依法缺席判决。特此公告。
贵州省兴仁市人民法院
（2022）苏0509民初1234号本院受理原告诉被告借款合同纠纷一案，因你下落不明，依照《中华人民共和国民事诉讼法》第九十五条之规定，向你公告送达起诉状副本、应诉通知书、举证通知书、开庭传票、民事裁定书、合议庭组成人员通知书及依法享有的诉讼权利和义务。自公告之日起经过三十日即视为送达。提出答辩状和举证的期限分别为公告送达期满后的十五日内和三十日内。本院定于举证期满后第三日上午九时在本院第七法庭公开开庭审理，逾期将依法缺席判决。特此公告。
天津市南开区人民法院
刘某某、赵某某：本院受理原告诉被告借款合同纠纷一案，因你下落不明，依照《中华人民共和国民事诉讼法》第九十五条之规定，向你公告送达起诉状副本、应诉通知书、举证通知书、开庭传票、民事裁定书、合议庭组成人员通知书及依法享有的诉讼权利和义务。自公告之日起经过三十日即视为送达。提出答辩状和举证的期限分别为公告送达期满后的十五日内和三十日内。本院定于举证期满后第三日上午九时在本院第七法庭公开开庭审理，逾期将依法缺席判决。特此公告。
江苏省苏州市吴江区人民法院
王某某、张某某：本院受理原告诉被告借款合同纠纷一案，因你下落不明，依照《中华人民共和国民事诉讼法》第九十五条之规定，向你公告送达起诉状副本、应诉通知书、举证通知书、开庭传票、民事裁定书、合议庭组成人员通知书及依法享有的诉讼权利和义务。自公告之日起经过三十日即视为送达。提出答辩状和举证的期限分别为公告送达期满后的十五日内和三十日内。本院定于举证期满后第三日上午九时在本院第七法庭公开开庭审理，逾期将依法缺席判决。特此公告。
浙江省宁波市鄞州区人民法院
陈某、李某某：本院受理原告诉被告借款合同纠纷一案，因你下落不明，依照《中华人民共和国民事诉讼法》第九十五条之规定，向你公告送达起诉状副本、应诉通知书、举证通知书、开庭传票、民事裁定书、合议庭组成人员通知书及依法享有的诉讼权利和义务。自公告之日起经过三十日即视为送达。提出答辩状和举证的期限分别为公告送达期满后的十五日内和三十日内。本院定于举证期满后第三日上午九时在本院第七法庭公开开庭审理，逾期将依法缺席判决。特此公告。
江苏省南京市中级人民法院
解除劳动合同公告
本院受理原告本院受理原告诉被告借款合同纠纷一案，因你下落不明，依照《中华人民共和国民事诉讼法》第九十五条之规定，向你公告送达起诉状副本、应诉通知书、举证通知书、开庭传票、民事裁定书、合议庭组成人员通知书及依法享有的诉讼权利和义务。自公告之日起经过三十日即视为送达。提出答辩状和举证的期限分别为公告送达期满后的十五日内和三十日内。本院定于举证期满后第三日上午九时在本院第七法庭公开开庭审理，逾期将依法缺席判决。特此公告。
四川省南充市顺庆区人民法院
（2022）苏0509民初1234号本院受理原告诉被告借款合同纠纷一案，因你下落不明，依照《中华人民共和国民事诉讼法》第九十五条之规定，向你公告送达起诉状副本、应诉通知书、举证通知书、开庭传票、民事裁定书、合议庭组成人员通知书及依法享有的诉讼权利和义务。自公告之日起经过三十日即视为送达。提出答辩状和举证的期限分别为公告送达期满后的十五日内和三十日内。本院定于举证期满后第三日上午九时在本院第七法庭公开开庭审理，逾期将依法缺席判决。特此公告。
江苏省无锡市梁溪区人民法院
刘某某、赵某某：本院受理原告诉被告借款合同纠纷一案，因你下落不明，依照《中华人民共和国民事诉讼法》第九十五条之规定，向你公告送达起诉状副本、应诉通知书、举证通知书、开庭传票、民事裁定书、合议庭组成人员通知书及依法享有的诉讼权利和义务。自公告之日起经过三十日即视为送达。提出答辩状和举证的期限分别为公告送达期满后的十五日内和三十日内。本院定于举证期满后第三日上午九时在本院第七法庭公开开庭审理，逾期将依法缺席判决。特此公告。
河南省郑州市金水区人民法院
王某某、张某某：本院受理原告诉被告借款合同纠纷一案，因你下落不明，依照《中华人民共和国民事诉讼法》第九十五条之规定，向你公告送达起诉状副本、应诉通知书、举证通知书、开庭传票、民事裁定书、合议庭组成人员通知书及依法享有的诉讼权利和义务。自公告之日起经过三十日即视为送达。提出答辩状和举证的期限分别为公告送达期满后的十五日内和三十日内。本院定于举证期满后第三日上午九时在本院第七法庭公开开庭审理，逾期将依法缺席判决。特此公告。
贵州省兴仁市人民法院
陈某、李某某：本院受理原告诉被告借款合同纠纷一案，因你下落不明，依照《中华人民共和国民事诉讼法》第九十五条之规定，向你公告送达起诉状副本、应诉通知书、举证通知书、开庭传票、民事裁定书、合议庭组成人员通知书及依法享有的诉讼权利和义务。自公告之日起经过三十日即视为送达。提出答辩状和举证的期限分别为公告送达期满后的十五日内和三十日内。本院定于举证期满后第三日上午九时在本院第七法庭公开开庭审理，逾期将依法缺席判决。特此公告。
天津市南开区人民法院
本院受理原告本院受理原告诉被告借款合同纠纷一案，因你下落不明，依照《中华人民共和国民事诉讼法》第九十五条之规定，向你公告送达起诉状副本、应诉通知书、举证通知书、开庭传票、民事裁定书、合议庭组成人员通知书及依法享有的诉讼权利和义务。自公告之日起经过三十日即视为送达。提出答辩状和举证的期限分别为公告送达期满后的十五日内和三十日内。本院定于举证期满后第三日上午九时在本院第七法庭公开开庭审理，逾期将依法缺席判决。特此公告。
江苏省苏州市吴江区人民法院
（2022）苏0509民初1234号本院受理原告诉被告借款合同纠纷一案，因你下落不明，依照《中华人民共和国民事诉讼法》第九十五条之规定，向你公告送达起诉状副本、应诉通知书、举证通知书、开庭传票、民事裁定书、合议庭组成人员通知书及依法享有的诉讼权利和义务。自公告之日起经过三十日即视为送达。提出答辩状和举证的期限分别为公告送达期满后的十五日内和三十日内。本院定于举证期满后第三日上午九时在本院第七法庭公开开庭审理，逾期将依法缺席判决。特此公告。
浙江省宁波市鄞州区人民法院
刘某某、赵某某：本院受理原告诉被告借款合同纠纷一案，因你下落不明，依照《中华人民共和国民事诉讼法》第九十五条之规定，向你公告送达起诉状副本、应诉通知书、举证通知书、开庭传票、民事裁定书、合议庭组成人员通知书及依法享有的诉讼权利和义务。自公告之日起经过三十日即视为送达。提出答辩状和举证的期限分别为公告送达期满后的十五日内和三十日内。本院定于举证期满后第三日上午九时在本院第七法庭公开开庭审理，逾期将依法缺席判决。特此公告。
江苏省南京市中级人民法院
